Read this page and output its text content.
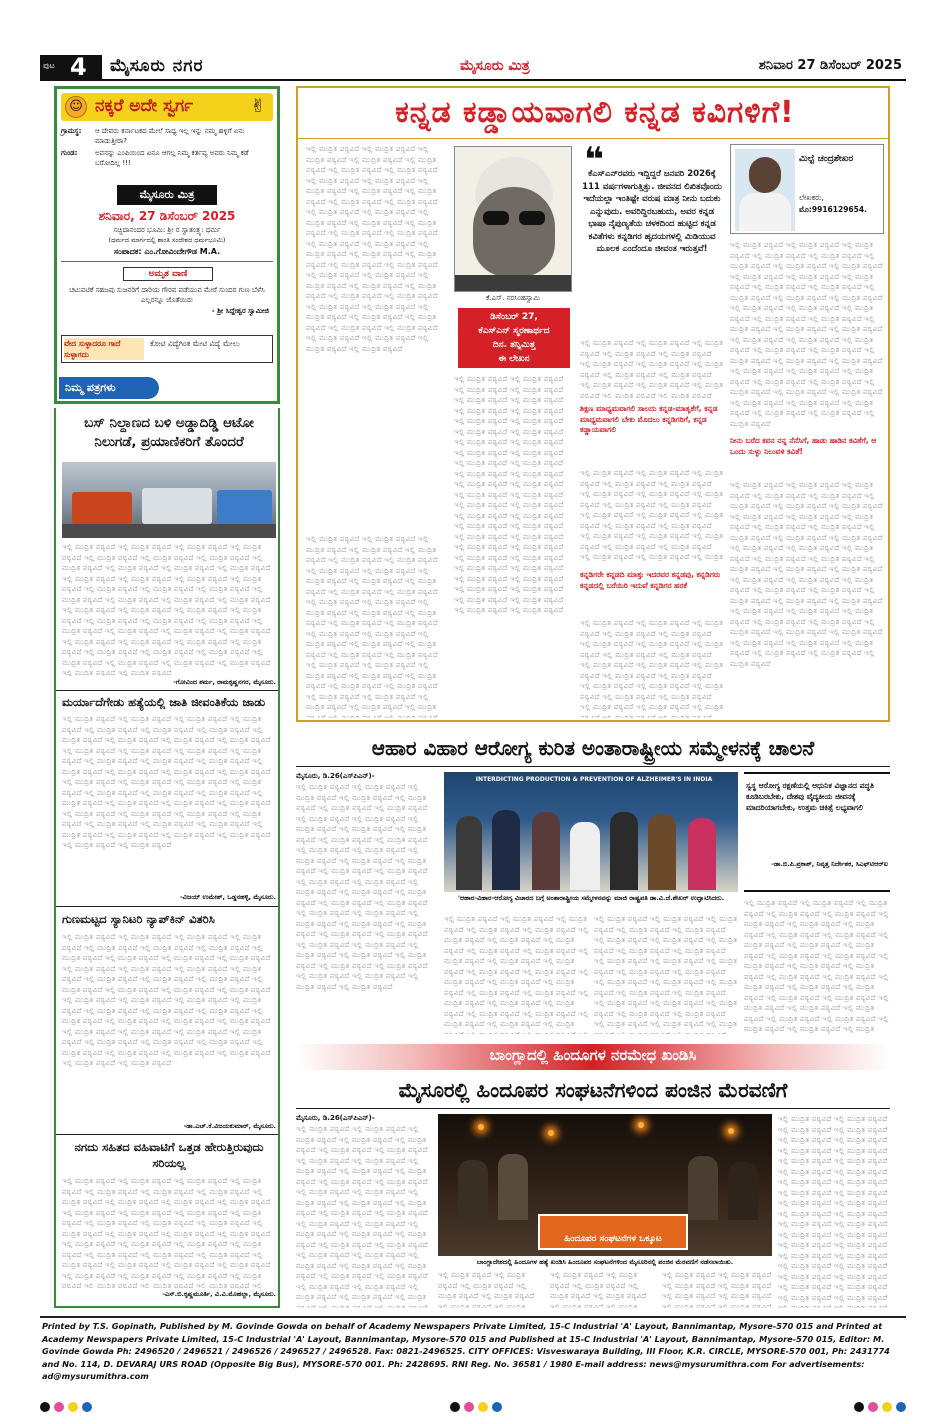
ಪುಟ 4 ಮೈಸೂರು ನಗರ	ಮೈಸೂರು ಮಿತ್ರ	ಶನಿವಾರ 27 ಡಿಸೆಂಬರ್ 2025
☺ ನಕ್ಕರೆ ಅದೇ ಸ್ವರ್ಗ	✌
ಗ್ರಾಮಸ್ಥ: ಆ ದೇವರು ಕರ್ನಾಟಕದ ಮೇಲೆ ಸಾಧ್ಯ ಇಲ್ಲ ಇನ್ನು ನಮ್ಮ ಹಳ್ಳಿಗೆ ಏನು ಮಾಡುತ್ತೀರಾ?
ಗುಂಡ:	ಅವನನ್ನು ಎಂಪಿಯಿಂದ ಏನೂ ಆಗಲ್ಲ ನಿಮ್ಮ ಕರ್ತವ್ಯ ಅವರು ನಿಮ್ಮ ಕಡೆ ಬರೋದಿಲ್ಲ !!!
ಮೈಸೂರು ಮಿತ್ರ
ಶನಿವಾರ, 27 ಡಿಸೆಂಬರ್ 2025
ಸಚ್ಚಿದಾನಂದರ ಭೂಮಿ: ಶ್ರೀ ರ ಸ್ವಾತಂತ್ರ್ಯ: ಧರ್ಮ
(ಧರ್ಮದ ಮಾರ್ಗದಲ್ಲಿ ಶಾಂತಿ ಸಂದೇಶದ ಧರ್ಮಭೂಮಿ)
ಸಂಪಾದಕ: ಎಂ.ಗೋವಿಂದೇಗೌಡ M.A.
ಅಮೃತ ವಾಣಿ
ಚಟುವಟಿಕೆ ಸಹಜವು ಸುಜನರಿಗೆ ದಾರಿಯ ಗೌರವ ಪಡೆಯುವ ಮೇರೆ ಸುಂದರ ಗುಣ ಬೆಳೆಸಿ ಎಲ್ಲರನ್ನೂ ಜೊತೆಯಿರು
- ಶ್ರೀ ಸಿದ್ದೇಶ್ವರ ಸ್ವಾಮೀಜಿ
ವೇದ ಸುಳ್ಳಾದರೂ ಗಾದೆ ಸುಳ್ಳಾಗದು
ಕೋಟಿ ವಿದ್ಯೆಗಿಂತ ಮೇಟಿ ವಿದ್ಯೆ ಮೇಲು
ನಿಮ್ಮ ಪತ್ರಗಳು
ಬಸ್ ನಿಲ್ದಾಣದ ಬಳಿ ಅಡ್ಡಾದಿಡ್ಡಿ ಆಟೋ ನಿಲುಗಡೆ, ಪ್ರಯಾಣಿಕರಿಗೆ ತೊಂದರೆ
ಇಲ್ಲಿ ಮುದ್ರಿತ ಪಠ್ಯವಿದೆ ಇಲ್ಲಿ ಮುದ್ರಿತ ಪಠ್ಯವಿದೆ ಇಲ್ಲಿ ಮುದ್ರಿತ ಪಠ್ಯವಿದೆ ಇಲ್ಲಿ ಮುದ್ರಿತ ಪಠ್ಯವಿದೆ ಇಲ್ಲಿ ಮುದ್ರಿತ ಪಠ್ಯವಿದೆ ಇಲ್ಲಿ ಮುದ್ರಿತ ಪಠ್ಯವಿದೆ ಇಲ್ಲಿ ಮುದ್ರಿತ ಪಠ್ಯವಿದೆ ಇಲ್ಲಿ ಮುದ್ರಿತ ಪಠ್ಯವಿದೆ ಇಲ್ಲಿ ಮುದ್ರಿತ ಪಠ್ಯವಿದೆ ಇಲ್ಲಿ ಮುದ್ರಿತ ಪಠ್ಯವಿದೆ ಇಲ್ಲಿ ಮುದ್ರಿತ ಪಠ್ಯವಿದೆ ಇಲ್ಲಿ ಮುದ್ರಿತ ಪಠ್ಯವಿದೆ ಇಲ್ಲಿ ಮುದ್ರಿತ ಪಠ್ಯವಿದೆ ಇಲ್ಲಿ ಮುದ್ರಿತ ಪಠ್ಯವಿದೆ ಇಲ್ಲಿ ಮುದ್ರಿತ ಪಠ್ಯವಿದೆ ಇಲ್ಲಿ ಮುದ್ರಿತ ಪಠ್ಯವಿದೆ ಇಲ್ಲಿ ಮುದ್ರಿತ ಪಠ್ಯವಿದೆ ಇಲ್ಲಿ ಮುದ್ರಿತ ಪಠ್ಯವಿದೆ ಇಲ್ಲಿ ಮುದ್ರಿತ ಪಠ್ಯವಿದೆ ಇಲ್ಲಿ ಮುದ್ರಿತ ಪಠ್ಯವಿದೆ ಇಲ್ಲಿ ಮುದ್ರಿತ ಪಠ್ಯವಿದೆ ಇಲ್ಲಿ ಮುದ್ರಿತ ಪಠ್ಯವಿದೆ ಇಲ್ಲಿ ಮುದ್ರಿತ ಪಠ್ಯವಿದೆ ಇಲ್ಲಿ ಮುದ್ರಿತ ಪಠ್ಯವಿದೆ ಇಲ್ಲಿ ಮುದ್ರಿತ ಪಠ್ಯವಿದೆ ಇಲ್ಲಿ ಮುದ್ರಿತ ಪಠ್ಯವಿದೆ ಇಲ್ಲಿ ಮುದ್ರಿತ ಪಠ್ಯವಿದೆ ಇಲ್ಲಿ ಮುದ್ರಿತ ಪಠ್ಯವಿದೆ ಇಲ್ಲಿ ಮುದ್ರಿತ ಪಠ್ಯವಿದೆ ಇಲ್ಲಿ ಮುದ್ರಿತ ಪಠ್ಯವಿದೆ ಇಲ್ಲಿ ಮುದ್ರಿತ ಪಠ್ಯವಿದೆ ಇಲ್ಲಿ ಮುದ್ರಿತ ಪಠ್ಯವಿದೆ ಇಲ್ಲಿ ಮುದ್ರಿತ ಪಠ್ಯವಿದೆ ಇಲ್ಲಿ ಮುದ್ರಿತ ಪಠ್ಯವಿದೆ ಇಲ್ಲಿ ಮುದ್ರಿತ ಪಠ್ಯವಿದೆ ಇಲ್ಲಿ ಮುದ್ರಿತ ಪಠ್ಯವಿದೆ ಇಲ್ಲಿ ಮುದ್ರಿತ ಪಠ್ಯವಿದೆ ಇಲ್ಲಿ ಮುದ್ರಿತ ಪಠ್ಯವಿದೆ ಇಲ್ಲಿ ಮುದ್ರಿತ ಪಠ್ಯವಿದೆ ಇಲ್ಲಿ ಮುದ್ರಿತ ಪಠ್ಯವಿದೆ ಇಲ್ಲಿ ಮುದ್ರಿತ ಪಠ್ಯವಿದೆ ಇಲ್ಲಿ ಮುದ್ರಿತ ಪಠ್ಯವಿದೆ ಇಲ್ಲಿ ಮುದ್ರಿತ ಪಠ್ಯವಿದೆ ಇಲ್ಲಿ ಮುದ್ರಿತ ಪಠ್ಯವಿದೆ ಇಲ್ಲಿ ಮುದ್ರಿತ ಪಠ್ಯವಿದೆ ಇಲ್ಲಿ ಮುದ್ರಿತ ಪಠ್ಯವಿದೆ
-ಗೋವಿಂದ ಶರ್ಮ, ರಾಮಕೃಷ್ಣನಗರ, ಮೈಸೂರು.
ಮರ್ಯಾದೆಗೇಡು ಹತ್ಯೆಯಲ್ಲಿ ಜಾತಿ ಜೀವಂತಿಕೆಯ ಜಾಡು
ಇಲ್ಲಿ ಮುದ್ರಿತ ಪಠ್ಯವಿದೆ ಇಲ್ಲಿ ಮುದ್ರಿತ ಪಠ್ಯವಿದೆ ಇಲ್ಲಿ ಮುದ್ರಿತ ಪಠ್ಯವಿದೆ ಇಲ್ಲಿ ಮುದ್ರಿತ ಪಠ್ಯವಿದೆ ಇಲ್ಲಿ ಮುದ್ರಿತ ಪಠ್ಯವಿದೆ ಇಲ್ಲಿ ಮುದ್ರಿತ ಪಠ್ಯವಿದೆ ಇಲ್ಲಿ ಮುದ್ರಿತ ಪಠ್ಯವಿದೆ ಇಲ್ಲಿ ಮುದ್ರಿತ ಪಠ್ಯವಿದೆ ಇಲ್ಲಿ ಮುದ್ರಿತ ಪಠ್ಯವಿದೆ ಇಲ್ಲಿ ಮುದ್ರಿತ ಪಠ್ಯವಿದೆ ಇಲ್ಲಿ ಮುದ್ರಿತ ಪಠ್ಯವಿದೆ ಇಲ್ಲಿ ಮುದ್ರಿತ ಪಠ್ಯವಿದೆ ಇಲ್ಲಿ ಮುದ್ರಿತ ಪಠ್ಯವಿದೆ ಇಲ್ಲಿ ಮುದ್ರಿತ ಪಠ್ಯವಿದೆ ಇಲ್ಲಿ ಮುದ್ರಿತ ಪಠ್ಯವಿದೆ ಇಲ್ಲಿ ಮುದ್ರಿತ ಪಠ್ಯವಿದೆ ಇಲ್ಲಿ ಮುದ್ರಿತ ಪಠ್ಯವಿದೆ ಇಲ್ಲಿ ಮುದ್ರಿತ ಪಠ್ಯವಿದೆ ಇಲ್ಲಿ ಮುದ್ರಿತ ಪಠ್ಯವಿದೆ ಇಲ್ಲಿ ಮುದ್ರಿತ ಪಠ್ಯವಿದೆ ಇಲ್ಲಿ ಮುದ್ರಿತ ಪಠ್ಯವಿದೆ ಇಲ್ಲಿ ಮುದ್ರಿತ ಪಠ್ಯವಿದೆ ಇಲ್ಲಿ ಮುದ್ರಿತ ಪಠ್ಯವಿದೆ ಇಲ್ಲಿ ಮುದ್ರಿತ ಪಠ್ಯವಿದೆ ಇಲ್ಲಿ ಮುದ್ರಿತ ಪಠ್ಯವಿದೆ ಇಲ್ಲಿ ಮುದ್ರಿತ ಪಠ್ಯವಿದೆ ಇಲ್ಲಿ ಮುದ್ರಿತ ಪಠ್ಯವಿದೆ ಇಲ್ಲಿ ಮುದ್ರಿತ ಪಠ್ಯವಿದೆ ಇಲ್ಲಿ ಮುದ್ರಿತ ಪಠ್ಯವಿದೆ ಇಲ್ಲಿ ಮುದ್ರಿತ ಪಠ್ಯವಿದೆ ಇಲ್ಲಿ ಮುದ್ರಿತ ಪಠ್ಯವಿದೆ ಇಲ್ಲಿ ಮುದ್ರಿತ ಪಠ್ಯವಿದೆ ಇಲ್ಲಿ ಮುದ್ರಿತ ಪಠ್ಯವಿದೆ ಇಲ್ಲಿ ಮುದ್ರಿತ ಪಠ್ಯವಿದೆ ಇಲ್ಲಿ ಮುದ್ರಿತ ಪಠ್ಯವಿದೆ ಇಲ್ಲಿ ಮುದ್ರಿತ ಪಠ್ಯವಿದೆ ಇಲ್ಲಿ ಮುದ್ರಿತ ಪಠ್ಯವಿದೆ ಇಲ್ಲಿ ಮುದ್ರಿತ ಪಠ್ಯವಿದೆ ಇಲ್ಲಿ ಮುದ್ರಿತ ಪಠ್ಯವಿದೆ ಇಲ್ಲಿ ಮುದ್ರಿತ ಪಠ್ಯವಿದೆ ಇಲ್ಲಿ ಮುದ್ರಿತ ಪಠ್ಯವಿದೆ ಇಲ್ಲಿ ಮುದ್ರಿತ ಪಠ್ಯವಿದೆ ಇಲ್ಲಿ ಮುದ್ರಿತ ಪಠ್ಯವಿದೆ ಇಲ್ಲಿ ಮುದ್ರಿತ ಪಠ್ಯವಿದೆ ಇಲ್ಲಿ ಮುದ್ರಿತ ಪಠ್ಯವಿದೆ ಇಲ್ಲಿ ಮುದ್ರಿತ ಪಠ್ಯವಿದೆ
-ವಿಜಯ್ ಉಮೇಶ್, ಒಡ್ಡನಹಳ್ಳಿ, ಮೈಸೂರು.
ಗುಣಮಟ್ಟದ ಸ್ಯಾನಿಟರಿ ನ್ಯಾಪ್‌ಕಿನ್ ವಿತರಿಸಿ
ಇಲ್ಲಿ ಮುದ್ರಿತ ಪಠ್ಯವಿದೆ ಇಲ್ಲಿ ಮುದ್ರಿತ ಪಠ್ಯವಿದೆ ಇಲ್ಲಿ ಮುದ್ರಿತ ಪಠ್ಯವಿದೆ ಇಲ್ಲಿ ಮುದ್ರಿತ ಪಠ್ಯವಿದೆ ಇಲ್ಲಿ ಮುದ್ರಿತ ಪಠ್ಯವಿದೆ ಇಲ್ಲಿ ಮುದ್ರಿತ ಪಠ್ಯವಿದೆ ಇಲ್ಲಿ ಮುದ್ರಿತ ಪಠ್ಯವಿದೆ ಇಲ್ಲಿ ಮುದ್ರಿತ ಪಠ್ಯವಿದೆ ಇಲ್ಲಿ ಮುದ್ರಿತ ಪಠ್ಯವಿದೆ ಇಲ್ಲಿ ಮುದ್ರಿತ ಪಠ್ಯವಿದೆ ಇಲ್ಲಿ ಮುದ್ರಿತ ಪಠ್ಯವಿದೆ ಇಲ್ಲಿ ಮುದ್ರಿತ ಪಠ್ಯವಿದೆ ಇಲ್ಲಿ ಮುದ್ರಿತ ಪಠ್ಯವಿದೆ ಇಲ್ಲಿ ಮುದ್ರಿತ ಪಠ್ಯವಿದೆ ಇಲ್ಲಿ ಮುದ್ರಿತ ಪಠ್ಯವಿದೆ ಇಲ್ಲಿ ಮುದ್ರಿತ ಪಠ್ಯವಿದೆ ಇಲ್ಲಿ ಮುದ್ರಿತ ಪಠ್ಯವಿದೆ ಇಲ್ಲಿ ಮುದ್ರಿತ ಪಠ್ಯವಿದೆ ಇಲ್ಲಿ ಮುದ್ರಿತ ಪಠ್ಯವಿದೆ ಇಲ್ಲಿ ಮುದ್ರಿತ ಪಠ್ಯವಿದೆ ಇಲ್ಲಿ ಮುದ್ರಿತ ಪಠ್ಯವಿದೆ ಇಲ್ಲಿ ಮುದ್ರಿತ ಪಠ್ಯವಿದೆ ಇಲ್ಲಿ ಮುದ್ರಿತ ಪಠ್ಯವಿದೆ ಇಲ್ಲಿ ಮುದ್ರಿತ ಪಠ್ಯವಿದೆ ಇಲ್ಲಿ ಮುದ್ರಿತ ಪಠ್ಯವಿದೆ ಇಲ್ಲಿ ಮುದ್ರಿತ ಪಠ್ಯವಿದೆ ಇಲ್ಲಿ ಮುದ್ರಿತ ಪಠ್ಯವಿದೆ ಇಲ್ಲಿ ಮುದ್ರಿತ ಪಠ್ಯವಿದೆ ಇಲ್ಲಿ ಮುದ್ರಿತ ಪಠ್ಯವಿದೆ ಇಲ್ಲಿ ಮುದ್ರಿತ ಪಠ್ಯವಿದೆ ಇಲ್ಲಿ ಮುದ್ರಿತ ಪಠ್ಯವಿದೆ ಇಲ್ಲಿ ಮುದ್ರಿತ ಪಠ್ಯವಿದೆ ಇಲ್ಲಿ ಮುದ್ರಿತ ಪಠ್ಯವಿದೆ ಇಲ್ಲಿ ಮುದ್ರಿತ ಪಠ್ಯವಿದೆ ಇಲ್ಲಿ ಮುದ್ರಿತ ಪಠ್ಯವಿದೆ ಇಲ್ಲಿ ಮುದ್ರಿತ ಪಠ್ಯವಿದೆ ಇಲ್ಲಿ ಮುದ್ರಿತ ಪಠ್ಯವಿದೆ ಇಲ್ಲಿ ಮುದ್ರಿತ ಪಠ್ಯವಿದೆ ಇಲ್ಲಿ ಮುದ್ರಿತ ಪಠ್ಯವಿದೆ ಇಲ್ಲಿ ಮುದ್ರಿತ ಪಠ್ಯವಿದೆ ಇಲ್ಲಿ ಮುದ್ರಿತ ಪಠ್ಯವಿದೆ ಇಲ್ಲಿ ಮುದ್ರಿತ ಪಠ್ಯವಿದೆ ಇಲ್ಲಿ ಮುದ್ರಿತ ಪಠ್ಯವಿದೆ ಇಲ್ಲಿ ಮುದ್ರಿತ ಪಠ್ಯವಿದೆ ಇಲ್ಲಿ ಮುದ್ರಿತ ಪಠ್ಯವಿದೆ ಇಲ್ಲಿ ಮುದ್ರಿತ ಪಠ್ಯವಿದೆ
-ಡಾ.ಎಚ್.ಕೆ.ವಿಜಯಕುಮಾರ್, ಮೈಸೂರು.
ನಗದು ಸಹಿತದ ವಹಿವಾಟಿಗೆ ಒತ್ತಡ ಹೇರುತ್ತಿರುವುದು ಸರಿಯಲ್ಲ
ಇಲ್ಲಿ ಮುದ್ರಿತ ಪಠ್ಯವಿದೆ ಇಲ್ಲಿ ಮುದ್ರಿತ ಪಠ್ಯವಿದೆ ಇಲ್ಲಿ ಮುದ್ರಿತ ಪಠ್ಯವಿದೆ ಇಲ್ಲಿ ಮುದ್ರಿತ ಪಠ್ಯವಿದೆ ಇಲ್ಲಿ ಮುದ್ರಿತ ಪಠ್ಯವಿದೆ ಇಲ್ಲಿ ಮುದ್ರಿತ ಪಠ್ಯವಿದೆ ಇಲ್ಲಿ ಮುದ್ರಿತ ಪಠ್ಯವಿದೆ ಇಲ್ಲಿ ಮುದ್ರಿತ ಪಠ್ಯವಿದೆ ಇಲ್ಲಿ ಮುದ್ರಿತ ಪಠ್ಯವಿದೆ ಇಲ್ಲಿ ಮುದ್ರಿತ ಪಠ್ಯವಿದೆ ಇಲ್ಲಿ ಮುದ್ರಿತ ಪಠ್ಯವಿದೆ ಇಲ್ಲಿ ಮುದ್ರಿತ ಪಠ್ಯವಿದೆ ಇಲ್ಲಿ ಮುದ್ರಿತ ಪಠ್ಯವಿದೆ ಇಲ್ಲಿ ಮುದ್ರಿತ ಪಠ್ಯವಿದೆ ಇಲ್ಲಿ ಮುದ್ರಿತ ಪಠ್ಯವಿದೆ ಇಲ್ಲಿ ಮುದ್ರಿತ ಪಠ್ಯವಿದೆ ಇಲ್ಲಿ ಮುದ್ರಿತ ಪಠ್ಯವಿದೆ ಇಲ್ಲಿ ಮುದ್ರಿತ ಪಠ್ಯವಿದೆ ಇಲ್ಲಿ ಮುದ್ರಿತ ಪಠ್ಯವಿದೆ ಇಲ್ಲಿ ಮುದ್ರಿತ ಪಠ್ಯವಿದೆ ಇಲ್ಲಿ ಮುದ್ರಿತ ಪಠ್ಯವಿದೆ ಇಲ್ಲಿ ಮುದ್ರಿತ ಪಠ್ಯವಿದೆ ಇಲ್ಲಿ ಮುದ್ರಿತ ಪಠ್ಯವಿದೆ ಇಲ್ಲಿ ಮುದ್ರಿತ ಪಠ್ಯವಿದೆ ಇಲ್ಲಿ ಮುದ್ರಿತ ಪಠ್ಯವಿದೆ ಇಲ್ಲಿ ಮುದ್ರಿತ ಪಠ್ಯವಿದೆ ಇಲ್ಲಿ ಮುದ್ರಿತ ಪಠ್ಯವಿದೆ ಇಲ್ಲಿ ಮುದ್ರಿತ ಪಠ್ಯವಿದೆ ಇಲ್ಲಿ ಮುದ್ರಿತ ಪಠ್ಯವಿದೆ ಇಲ್ಲಿ ಮುದ್ರಿತ ಪಠ್ಯವಿದೆ ಇಲ್ಲಿ ಮುದ್ರಿತ ಪಠ್ಯವಿದೆ ಇಲ್ಲಿ ಮುದ್ರಿತ ಪಠ್ಯವಿದೆ ಇಲ್ಲಿ ಮುದ್ರಿತ ಪಠ್ಯವಿದೆ ಇಲ್ಲಿ ಮುದ್ರಿತ ಪಠ್ಯವಿದೆ ಇಲ್ಲಿ ಮುದ್ರಿತ ಪಠ್ಯವಿದೆ ಇಲ್ಲಿ ಮುದ್ರಿತ ಪಠ್ಯವಿದೆ ಇಲ್ಲಿ ಮುದ್ರಿತ ಪಠ್ಯವಿದೆ ಇಲ್ಲಿ ಮುದ್ರಿತ ಪಠ್ಯವಿದೆ ಇಲ್ಲಿ ಮುದ್ರಿತ ಪಠ್ಯವಿದೆ ಇಲ್ಲಿ ಮುದ್ರಿತ ಪಠ್ಯವಿದೆ ಇಲ್ಲಿ ಮುದ್ರಿತ ಪಠ್ಯವಿದೆ ಇಲ್ಲಿ ಮುದ್ರಿತ ಪಠ್ಯವಿದೆ ಇಲ್ಲಿ ಮುದ್ರಿತ ಪಠ್ಯವಿದೆ ಇಲ್ಲಿ ಮುದ್ರಿತ ಪಠ್ಯವಿದೆ ಇಲ್ಲಿ ಮುದ್ರಿತ ಪಠ್ಯವಿದೆ ಇಲ್ಲಿ ಮುದ್ರಿತ ಪಠ್ಯವಿದೆ
-ಎಸ್.ಬಿ.ಕೃಷ್ಣಮೂರ್ತಿ, ವಿ.ವಿ.ಮೊಹಲ್ಲಾ, ಮೈಸೂರು.
ಕನ್ನಡ ಕಡ್ಡಾಯವಾಗಲಿ ಕನ್ನಡ ಕವಿಗಳಿಗೆ!
ಇಲ್ಲಿ ಮುದ್ರಿತ ಪಠ್ಯವಿದೆ ಇಲ್ಲಿ ಮುದ್ರಿತ ಪಠ್ಯವಿದೆ ಇಲ್ಲಿ ಮುದ್ರಿತ ಪಠ್ಯವಿದೆ ಇಲ್ಲಿ ಮುದ್ರಿತ ಪಠ್ಯವಿದೆ ಇಲ್ಲಿ ಮುದ್ರಿತ ಪಠ್ಯವಿದೆ ಇಲ್ಲಿ ಮುದ್ರಿತ ಪಠ್ಯವಿದೆ ಇಲ್ಲಿ ಮುದ್ರಿತ ಪಠ್ಯವಿದೆ ಇಲ್ಲಿ ಮುದ್ರಿತ ಪಠ್ಯವಿದೆ ಇಲ್ಲಿ ಮುದ್ರಿತ ಪಠ್ಯವಿದೆ ಇಲ್ಲಿ ಮುದ್ರಿತ ಪಠ್ಯವಿದೆ ಇಲ್ಲಿ ಮುದ್ರಿತ ಪಠ್ಯವಿದೆ ಇಲ್ಲಿ ಮುದ್ರಿತ ಪಠ್ಯವಿದೆ ಇಲ್ಲಿ ಮುದ್ರಿತ ಪಠ್ಯವಿದೆ ಇಲ್ಲಿ ಮುದ್ರಿತ ಪಠ್ಯವಿದೆ ಇಲ್ಲಿ ಮುದ್ರಿತ ಪಠ್ಯವಿದೆ ಇಲ್ಲಿ ಮುದ್ರಿತ ಪಠ್ಯವಿದೆ ಇಲ್ಲಿ ಮುದ್ರಿತ ಪಠ್ಯವಿದೆ ಇಲ್ಲಿ ಮುದ್ರಿತ ಪಠ್ಯವಿದೆ ಇಲ್ಲಿ ಮುದ್ರಿತ ಪಠ್ಯವಿದೆ ಇಲ್ಲಿ ಮುದ್ರಿತ ಪಠ್ಯವಿದೆ ಇಲ್ಲಿ ಮುದ್ರಿತ ಪಠ್ಯವಿದೆ ಇಲ್ಲಿ ಮುದ್ರಿತ ಪಠ್ಯವಿದೆ ಇಲ್ಲಿ ಮುದ್ರಿತ ಪಠ್ಯವಿದೆ ಇಲ್ಲಿ ಮುದ್ರಿತ ಪಠ್ಯವಿದೆ ಇಲ್ಲಿ ಮುದ್ರಿತ ಪಠ್ಯವಿದೆ ಇಲ್ಲಿ ಮುದ್ರಿತ ಪಠ್ಯವಿದೆ ಇಲ್ಲಿ ಮುದ್ರಿತ ಪಠ್ಯವಿದೆ ಇಲ್ಲಿ ಮುದ್ರಿತ ಪಠ್ಯವಿದೆ ಇಲ್ಲಿ ಮುದ್ರಿತ ಪಠ್ಯವಿದೆ ಇಲ್ಲಿ ಮುದ್ರಿತ ಪಠ್ಯವಿದೆ ಇಲ್ಲಿ ಮುದ್ರಿತ ಪಠ್ಯವಿದೆ ಇಲ್ಲಿ ಮುದ್ರಿತ ಪಠ್ಯವಿದೆ ಇಲ್ಲಿ ಮುದ್ರಿತ ಪಠ್ಯವಿದೆ ಇಲ್ಲಿ ಮುದ್ರಿತ ಪಠ್ಯವಿದೆ ಇಲ್ಲಿ ಮುದ್ರಿತ ಪಠ್ಯವಿದೆ ಇಲ್ಲಿ ಮುದ್ರಿತ ಪಠ್ಯವಿದೆ ಇಲ್ಲಿ ಮುದ್ರಿತ ಪಠ್ಯವಿದೆ ಇಲ್ಲಿ ಮುದ್ರಿತ ಪಠ್ಯವಿದೆ ಇಲ್ಲಿ ಮುದ್ರಿತ ಪಠ್ಯವಿದೆ ಇಲ್ಲಿ ಮುದ್ರಿತ ಪಠ್ಯವಿದೆ ಇಲ್ಲಿ ಮುದ್ರಿತ ಪಠ್ಯವಿದೆ ಇಲ್ಲಿ ಮುದ್ರಿತ ಪಠ್ಯವಿದೆ ಇಲ್ಲಿ ಮುದ್ರಿತ ಪಠ್ಯವಿದೆ ಇಲ್ಲಿ ಮುದ್ರಿತ ಪಠ್ಯವಿದೆ ಇಲ್ಲಿ ಮುದ್ರಿತ ಪಠ್ಯವಿದೆ ಇಲ್ಲಿ ಮುದ್ರಿತ ಪಠ್ಯವಿದೆ
ಇಲ್ಲಿ ಮುದ್ರಿತ ಪಠ್ಯವಿದೆ ಇಲ್ಲಿ ಮುದ್ರಿತ ಪಠ್ಯವಿದೆ ಇಲ್ಲಿ ಮುದ್ರಿತ ಪಠ್ಯವಿದೆ ಇಲ್ಲಿ ಮುದ್ರಿತ ಪಠ್ಯವಿದೆ ಇಲ್ಲಿ ಮುದ್ರಿತ ಪಠ್ಯವಿದೆ ಇಲ್ಲಿ ಮುದ್ರಿತ ಪಠ್ಯವಿದೆ ಇಲ್ಲಿ ಮುದ್ರಿತ ಪಠ್ಯವಿದೆ ಇಲ್ಲಿ ಮುದ್ರಿತ ಪಠ್ಯವಿದೆ ಇಲ್ಲಿ ಮುದ್ರಿತ ಪಠ್ಯವಿದೆ ಇಲ್ಲಿ ಮುದ್ರಿತ ಪಠ್ಯವಿದೆ ಇಲ್ಲಿ ಮುದ್ರಿತ ಪಠ್ಯವಿದೆ ಇಲ್ಲಿ ಮುದ್ರಿತ ಪಠ್ಯವಿದೆ ಇಲ್ಲಿ ಮುದ್ರಿತ ಪಠ್ಯವಿದೆ ಇಲ್ಲಿ ಮುದ್ರಿತ ಪಠ್ಯವಿದೆ ಇಲ್ಲಿ ಮುದ್ರಿತ ಪಠ್ಯವಿದೆ ಇಲ್ಲಿ ಮುದ್ರಿತ ಪಠ್ಯವಿದೆ ಇಲ್ಲಿ ಮುದ್ರಿತ ಪಠ್ಯವಿದೆ ಇಲ್ಲಿ ಮುದ್ರಿತ ಪಠ್ಯವಿದೆ ಇಲ್ಲಿ ಮುದ್ರಿತ ಪಠ್ಯವಿದೆ ಇಲ್ಲಿ ಮುದ್ರಿತ ಪಠ್ಯವಿದೆ ಇಲ್ಲಿ ಮುದ್ರಿತ ಪಠ್ಯವಿದೆ ಇಲ್ಲಿ ಮುದ್ರಿತ ಪಠ್ಯವಿದೆ ಇಲ್ಲಿ ಮುದ್ರಿತ ಪಠ್ಯವಿದೆ ಇಲ್ಲಿ ಮುದ್ರಿತ ಪಠ್ಯವಿದೆ ಇಲ್ಲಿ ಮುದ್ರಿತ ಪಠ್ಯವಿದೆ ಇಲ್ಲಿ ಮುದ್ರಿತ ಪಠ್ಯವಿದೆ ಇಲ್ಲಿ ಮುದ್ರಿತ ಪಠ್ಯವಿದೆ ಇಲ್ಲಿ ಮುದ್ರಿತ ಪಠ್ಯವಿದೆ ಇಲ್ಲಿ ಮುದ್ರಿತ ಪಠ್ಯವಿದೆ ಇಲ್ಲಿ ಮುದ್ರಿತ ಪಠ್ಯವಿದೆ ಇಲ್ಲಿ ಮುದ್ರಿತ ಪಠ್ಯವಿದೆ ಇಲ್ಲಿ ಮುದ್ರಿತ ಪಠ್ಯವಿದೆ ಇಲ್ಲಿ ಮುದ್ರಿತ ಪಠ್ಯವಿದೆ ಇಲ್ಲಿ ಮುದ್ರಿತ ಪಠ್ಯವಿದೆ ಇಲ್ಲಿ ಮುದ್ರಿತ ಪಠ್ಯವಿದೆ ಇಲ್ಲಿ ಮುದ್ರಿತ ಪಠ್ಯವಿದೆ ಇಲ್ಲಿ ಮುದ್ರಿತ ಪಠ್ಯವಿದೆ ಇಲ್ಲಿ ಮುದ್ರಿತ ಪಠ್ಯವಿದೆ ಇಲ್ಲಿ ಮುದ್ರಿತ ಪಠ್ಯವಿದೆ ಇಲ್ಲಿ ಮುದ್ರಿತ ಪಠ್ಯವಿದೆ ಇಲ್ಲಿ ಮುದ್ರಿತ ಪಠ್ಯವಿದೆ ಇಲ್ಲಿ ಮುದ್ರಿತ ಪಠ್ಯವಿದೆ ಇಲ್ಲಿ ಮುದ್ರಿತ ಪಠ್ಯವಿದೆ ಇಲ್ಲಿ ಮುದ್ರಿತ ಪಠ್ಯವಿದೆ ಇಲ್ಲಿ ಮುದ್ರಿತ ಪಠ್ಯವಿದೆ ಇಲ್ಲಿ ಮುದ್ರಿತ ಪಠ್ಯವಿದೆ
ಕೆ.ಎಸ್. ನರಸಿಂಹಸ್ವಾಮಿ
ಡಿಸೆಂಬರ್ 27,
ಕೆಎಸ್‌ಎನ್ ಸ್ಮರಣಾರ್ಥದ
ದಿನ. ತನ್ನಿಮಿತ್ತ
ಈ ಲೇಖನ
ಇಲ್ಲಿ ಮುದ್ರಿತ ಪಠ್ಯವಿದೆ ಇಲ್ಲಿ ಮುದ್ರಿತ ಪಠ್ಯವಿದೆ ಇಲ್ಲಿ ಮುದ್ರಿತ ಪಠ್ಯವಿದೆ ಇಲ್ಲಿ ಮುದ್ರಿತ ಪಠ್ಯವಿದೆ ಇಲ್ಲಿ ಮುದ್ರಿತ ಪಠ್ಯವಿದೆ ಇಲ್ಲಿ ಮುದ್ರಿತ ಪಠ್ಯವಿದೆ ಇಲ್ಲಿ ಮುದ್ರಿತ ಪಠ್ಯವಿದೆ ಇಲ್ಲಿ ಮುದ್ರಿತ ಪಠ್ಯವಿದೆ ಇಲ್ಲಿ ಮುದ್ರಿತ ಪಠ್ಯವಿದೆ ಇಲ್ಲಿ ಮುದ್ರಿತ ಪಠ್ಯವಿದೆ ಇಲ್ಲಿ ಮುದ್ರಿತ ಪಠ್ಯವಿದೆ ಇಲ್ಲಿ ಮುದ್ರಿತ ಪಠ್ಯವಿದೆ ಇಲ್ಲಿ ಮುದ್ರಿತ ಪಠ್ಯವಿದೆ ಇಲ್ಲಿ ಮುದ್ರಿತ ಪಠ್ಯವಿದೆ ಇಲ್ಲಿ ಮುದ್ರಿತ ಪಠ್ಯವಿದೆ ಇಲ್ಲಿ ಮುದ್ರಿತ ಪಠ್ಯವಿದೆ ಇಲ್ಲಿ ಮುದ್ರಿತ ಪಠ್ಯವಿದೆ ಇಲ್ಲಿ ಮುದ್ರಿತ ಪಠ್ಯವಿದೆ ಇಲ್ಲಿ ಮುದ್ರಿತ ಪಠ್ಯವಿದೆ ಇಲ್ಲಿ ಮುದ್ರಿತ ಪಠ್ಯವಿದೆ ಇಲ್ಲಿ ಮುದ್ರಿತ ಪಠ್ಯವಿದೆ ಇಲ್ಲಿ ಮುದ್ರಿತ ಪಠ್ಯವಿದೆ ಇಲ್ಲಿ ಮುದ್ರಿತ ಪಠ್ಯವಿದೆ ಇಲ್ಲಿ ಮುದ್ರಿತ ಪಠ್ಯವಿದೆ ಇಲ್ಲಿ ಮುದ್ರಿತ ಪಠ್ಯವಿದೆ ಇಲ್ಲಿ ಮುದ್ರಿತ ಪಠ್ಯವಿದೆ ಇಲ್ಲಿ ಮುದ್ರಿತ ಪಠ್ಯವಿದೆ ಇಲ್ಲಿ ಮುದ್ರಿತ ಪಠ್ಯವಿದೆ ಇಲ್ಲಿ ಮುದ್ರಿತ ಪಠ್ಯವಿದೆ ಇಲ್ಲಿ ಮುದ್ರಿತ ಪಠ್ಯವಿದೆ ಇಲ್ಲಿ ಮುದ್ರಿತ ಪಠ್ಯವಿದೆ ಇಲ್ಲಿ ಮುದ್ರಿತ ಪಠ್ಯವಿದೆ ಇಲ್ಲಿ ಮುದ್ರಿತ ಪಠ್ಯವಿದೆ ಇಲ್ಲಿ ಮುದ್ರಿತ ಪಠ್ಯವಿದೆ ಇಲ್ಲಿ ಮುದ್ರಿತ ಪಠ್ಯವಿದೆ ಇಲ್ಲಿ ಮುದ್ರಿತ ಪಠ್ಯವಿದೆ ಇಲ್ಲಿ ಮುದ್ರಿತ ಪಠ್ಯವಿದೆ ಇಲ್ಲಿ ಮುದ್ರಿತ ಪಠ್ಯವಿದೆ ಇಲ್ಲಿ ಮುದ್ರಿತ ಪಠ್ಯವಿದೆ ಇಲ್ಲಿ ಮುದ್ರಿತ ಪಠ್ಯವಿದೆ ಇಲ್ಲಿ ಮುದ್ರಿತ ಪಠ್ಯವಿದೆ ಇಲ್ಲಿ ಮುದ್ರಿತ ಪಠ್ಯವಿದೆ ಇಲ್ಲಿ ಮುದ್ರಿತ ಪಠ್ಯವಿದೆ ಇಲ್ಲಿ ಮುದ್ರಿತ ಪಠ್ಯವಿದೆ ಇಲ್ಲಿ ಮುದ್ರಿತ ಪಠ್ಯವಿದೆ ಇಲ್ಲಿ ಮುದ್ರಿತ ಪಠ್ಯವಿದೆ
❝
ಕೆಎಸ್‌ಎನ್‌ರವರು ಇದ್ದಿದ್ದರೆ ಜನವರಿ 2026ಕ್ಕೆ 111 ವರ್ಷಗಳಾಗುತ್ತಿತ್ತು. ಜೀವನದ ಲಿಖಿತವೊಂದು ಇದೆಯಲ್ಲಾ ಇಂತಿಷ್ಟೇ ವರುಷ ಮಾತ್ರ ನೀನು ಬದುಕು ಎನ್ನುವುದು. ಅವರಿದ್ದಿರಬಹುದು, ಅವರ ಕನ್ನಡ ಭಾಷಾ ನೈಪುಣ್ಯತೆಯ ಚಳಕದಿಂದ ಹುಟ್ಟಿದ ಕನ್ನಡ ಕವಿತೆಗಳು ಕನ್ನಡಿಗರ ಹೃದಯಗಳಲ್ಲಿ ಮಿಡಿಯುವ ಮೂಲಕ ಎಂದೆಂದೂ ಜೀವಂತ ಇರುತ್ತವೆ!
ಇಲ್ಲಿ ಮುದ್ರಿತ ಪಠ್ಯವಿದೆ ಇಲ್ಲಿ ಮುದ್ರಿತ ಪಠ್ಯವಿದೆ ಇಲ್ಲಿ ಮುದ್ರಿತ ಪಠ್ಯವಿದೆ ಇಲ್ಲಿ ಮುದ್ರಿತ ಪಠ್ಯವಿದೆ ಇಲ್ಲಿ ಮುದ್ರಿತ ಪಠ್ಯವಿದೆ ಇಲ್ಲಿ ಮುದ್ರಿತ ಪಠ್ಯವಿದೆ ಇಲ್ಲಿ ಮುದ್ರಿತ ಪಠ್ಯವಿದೆ ಇಲ್ಲಿ ಮುದ್ರಿತ ಪಠ್ಯವಿದೆ ಇಲ್ಲಿ ಮುದ್ರಿತ ಪಠ್ಯವಿದೆ ಇಲ್ಲಿ ಮುದ್ರಿತ ಪಠ್ಯವಿದೆ ಇಲ್ಲಿ ಮುದ್ರಿತ ಪಠ್ಯವಿದೆ ಇಲ್ಲಿ ಮುದ್ರಿತ ಪಠ್ಯವಿದೆ ಇಲ್ಲಿ ಮುದ್ರಿತ ಪಠ್ಯವಿದೆ ಇಲ್ಲಿ ಮುದ್ರಿತ ಪಠ್ಯವಿದೆ ಇಲ್ಲಿ ಮುದ್ರಿತ ಪಠ್ಯವಿದೆ ಇಲ್ಲಿ ಮುದ್ರಿತ ಪಠ್ಯವಿದೆ ಇಲ್ಲಿ ಮುದ್ರಿತ ಪಠ್ಯವಿದೆ ಇಲ್ಲಿ ಮುದ್ರಿತ ಪಠ್ಯವಿದೆ ಇಲ್ಲಿ ಮುದ್ರಿತ ಪಠ್ಯವಿದೆ ಇಲ್ಲಿ ಮುದ್ರಿತ ಪಠ್ಯವಿದೆ ಇಲ್ಲಿ ಮುದ್ರಿತ ಪಠ್ಯವಿದೆ ಇಲ್ಲಿ ಮುದ್ರಿತ ಪಠ್ಯವಿದೆ ಇಲ್ಲಿ ಮುದ್ರಿತ ಪಠ್ಯವಿದೆ ಇಲ್ಲಿ ಮುದ್ರಿತ ಪಠ್ಯವಿದೆ ಇಲ್ಲಿ ಮುದ್ರಿತ ಪಠ್ಯವಿದೆ ಇಲ್ಲಿ ಮುದ್ರಿತ ಪಠ್ಯವಿದೆ ಇಲ್ಲಿ ಮುದ್ರಿತ ಪಠ್ಯವಿದೆ ಇಲ್ಲಿ ಮುದ್ರಿತ ಪಠ್ಯವಿದೆ ಇಲ್ಲಿ ಮುದ್ರಿತ ಪಠ್ಯವಿದೆ ಇಲ್ಲಿ ಮುದ್ರಿತ ಪಠ್ಯವಿದೆ ಇಲ್ಲಿ ಮುದ್ರಿತ ಪಠ್ಯವಿದೆ ಇಲ್ಲಿ ಮುದ್ರಿತ ಪಠ್ಯವಿದೆ ಇಲ್ಲಿ ಮುದ್ರಿತ ಪಠ್ಯವಿದೆ ಇಲ್ಲಿ ಮುದ್ರಿತ ಪಠ್ಯವಿದೆ ಇಲ್ಲಿ ಮುದ್ರಿತ ಪಠ್ಯವಿದೆ ಇಲ್ಲಿ ಮುದ್ರಿತ ಪಠ್ಯವಿದೆ ಇಲ್ಲಿ ಮುದ್ರಿತ ಪಠ್ಯವಿದೆ ಇಲ್ಲಿ ಮುದ್ರಿತ ಪಠ್ಯವಿದೆ ಇಲ್ಲಿ ಮುದ್ರಿತ ಪಠ್ಯವಿದೆ ಇಲ್ಲಿ ಮುದ್ರಿತ ಪಠ್ಯವಿದೆ ಇಲ್ಲಿ ಮುದ್ರಿತ ಪಠ್ಯವಿದೆ ಇಲ್ಲಿ ಮುದ್ರಿತ ಪಠ್ಯವಿದೆ ಇಲ್ಲಿ ಮುದ್ರಿತ ಪಠ್ಯವಿದೆ ಇಲ್ಲಿ ಮುದ್ರಿತ ಪಠ್ಯವಿದೆ ಇಲ್ಲಿ ಮುದ್ರಿತ ಪಠ್ಯವಿದೆ ಇಲ್ಲಿ ಮುದ್ರಿತ ಪಠ್ಯವಿದೆ
ಶಿಕ್ಷಣ ಮಾಧ್ಯಮವಾಗಲಿ ಸಾಲದು ಕನ್ನಡ-ಮಾತೃಕೆಗೆ, ಕನ್ನಡ ಮಾಧ್ಯಮವಾಗಲಿ ಬೇಕು ಮೊದಲು ಕನ್ನಡಿಗರಿಗೆ, ಕನ್ನಡ ಕಡ್ಡಾಯವಾಗಲಿ
ಇಲ್ಲಿ ಮುದ್ರಿತ ಪಠ್ಯವಿದೆ ಇಲ್ಲಿ ಮುದ್ರಿತ ಪಠ್ಯವಿದೆ ಇಲ್ಲಿ ಮುದ್ರಿತ ಪಠ್ಯವಿದೆ ಇಲ್ಲಿ ಮುದ್ರಿತ ಪಠ್ಯವಿದೆ ಇಲ್ಲಿ ಮುದ್ರಿತ ಪಠ್ಯವಿದೆ ಇಲ್ಲಿ ಮುದ್ರಿತ ಪಠ್ಯವಿದೆ ಇಲ್ಲಿ ಮುದ್ರಿತ ಪಠ್ಯವಿದೆ ಇಲ್ಲಿ ಮುದ್ರಿತ ಪಠ್ಯವಿದೆ ಇಲ್ಲಿ ಮುದ್ರಿತ ಪಠ್ಯವಿದೆ ಇಲ್ಲಿ ಮುದ್ರಿತ ಪಠ್ಯವಿದೆ ಇಲ್ಲಿ ಮುದ್ರಿತ ಪಠ್ಯವಿದೆ ಇಲ್ಲಿ ಮುದ್ರಿತ ಪಠ್ಯವಿದೆ ಇಲ್ಲಿ ಮುದ್ರಿತ ಪಠ್ಯವಿದೆ ಇಲ್ಲಿ ಮುದ್ರಿತ ಪಠ್ಯವಿದೆ ಇಲ್ಲಿ ಮುದ್ರಿತ ಪಠ್ಯವಿದೆ ಇಲ್ಲಿ ಮುದ್ರಿತ ಪಠ್ಯವಿದೆ ಇಲ್ಲಿ ಮುದ್ರಿತ ಪಠ್ಯವಿದೆ ಇಲ್ಲಿ ಮುದ್ರಿತ ಪಠ್ಯವಿದೆ ಇಲ್ಲಿ ಮುದ್ರಿತ ಪಠ್ಯವಿದೆ ಇಲ್ಲಿ ಮುದ್ರಿತ ಪಠ್ಯವಿದೆ ಇಲ್ಲಿ ಮುದ್ರಿತ ಪಠ್ಯವಿದೆ ಇಲ್ಲಿ ಮುದ್ರಿತ ಪಠ್ಯವಿದೆ ಇಲ್ಲಿ ಮುದ್ರಿತ ಪಠ್ಯವಿದೆ ಇಲ್ಲಿ ಮುದ್ರಿತ ಪಠ್ಯವಿದೆ ಇಲ್ಲಿ ಮುದ್ರಿತ ಪಠ್ಯವಿದೆ ಇಲ್ಲಿ ಮುದ್ರಿತ ಪಠ್ಯವಿದೆ ಇಲ್ಲಿ ಮುದ್ರಿತ ಪಠ್ಯವಿದೆ ಇಲ್ಲಿ ಮುದ್ರಿತ ಪಠ್ಯವಿದೆ ಇಲ್ಲಿ ಮುದ್ರಿತ ಪಠ್ಯವಿದೆ ಇಲ್ಲಿ ಮುದ್ರಿತ ಪಠ್ಯವಿದೆ ಇಲ್ಲಿ ಮುದ್ರಿತ ಪಠ್ಯವಿದೆ ಇಲ್ಲಿ ಮುದ್ರಿತ ಪಠ್ಯವಿದೆ ಇಲ್ಲಿ ಮುದ್ರಿತ ಪಠ್ಯವಿದೆ ಇಲ್ಲಿ ಮುದ್ರಿತ ಪಠ್ಯವಿದೆ ಇಲ್ಲಿ ಮುದ್ರಿತ ಪಠ್ಯವಿದೆ ಇಲ್ಲಿ ಮುದ್ರಿತ ಪಠ್ಯವಿದೆ ಇಲ್ಲಿ ಮುದ್ರಿತ ಪಠ್ಯವಿದೆ ಇಲ್ಲಿ ಮುದ್ರಿತ ಪಠ್ಯವಿದೆ ಇಲ್ಲಿ ಮುದ್ರಿತ ಪಠ್ಯವಿದೆ ಇಲ್ಲಿ ಮುದ್ರಿತ ಪಠ್ಯವಿದೆ ಇಲ್ಲಿ ಮುದ್ರಿತ ಪಠ್ಯವಿದೆ ಇಲ್ಲಿ ಮುದ್ರಿತ ಪಠ್ಯವಿದೆ ಇಲ್ಲಿ ಮುದ್ರಿತ ಪಠ್ಯವಿದೆ ಇಲ್ಲಿ ಮುದ್ರಿತ ಪಠ್ಯವಿದೆ ಇಲ್ಲಿ ಮುದ್ರಿತ ಪಠ್ಯವಿದೆ ಇಲ್ಲಿ ಮುದ್ರಿತ ಪಠ್ಯವಿದೆ
ಕನ್ನಡಿಗರೇ ಕನ್ನಡದಿ ಮಾತ್ತು ಇದರವರ ಕನ್ನಡವು, ಕನ್ನಡಿಗರು ಕನ್ನಡದಲ್ಲಿ ಬರೆಯಿರಿ ಇದುವೆ ಕನ್ನಡಿಗರ ಹರಕೆ
ಇಲ್ಲಿ ಮುದ್ರಿತ ಪಠ್ಯವಿದೆ ಇಲ್ಲಿ ಮುದ್ರಿತ ಪಠ್ಯವಿದೆ ಇಲ್ಲಿ ಮುದ್ರಿತ ಪಠ್ಯವಿದೆ ಇಲ್ಲಿ ಮುದ್ರಿತ ಪಠ್ಯವಿದೆ ಇಲ್ಲಿ ಮುದ್ರಿತ ಪಠ್ಯವಿದೆ ಇಲ್ಲಿ ಮುದ್ರಿತ ಪಠ್ಯವಿದೆ ಇಲ್ಲಿ ಮುದ್ರಿತ ಪಠ್ಯವಿದೆ ಇಲ್ಲಿ ಮುದ್ರಿತ ಪಠ್ಯವಿದೆ ಇಲ್ಲಿ ಮುದ್ರಿತ ಪಠ್ಯವಿದೆ ಇಲ್ಲಿ ಮುದ್ರಿತ ಪಠ್ಯವಿದೆ ಇಲ್ಲಿ ಮುದ್ರಿತ ಪಠ್ಯವಿದೆ ಇಲ್ಲಿ ಮುದ್ರಿತ ಪಠ್ಯವಿದೆ ಇಲ್ಲಿ ಮುದ್ರಿತ ಪಠ್ಯವಿದೆ ಇಲ್ಲಿ ಮುದ್ರಿತ ಪಠ್ಯವಿದೆ ಇಲ್ಲಿ ಮುದ್ರಿತ ಪಠ್ಯವಿದೆ ಇಲ್ಲಿ ಮುದ್ರಿತ ಪಠ್ಯವಿದೆ ಇಲ್ಲಿ ಮುದ್ರಿತ ಪಠ್ಯವಿದೆ ಇಲ್ಲಿ ಮುದ್ರಿತ ಪಠ್ಯವಿದೆ ಇಲ್ಲಿ ಮುದ್ರಿತ ಪಠ್ಯವಿದೆ ಇಲ್ಲಿ ಮುದ್ರಿತ ಪಠ್ಯವಿದೆ ಇಲ್ಲಿ ಮುದ್ರಿತ ಪಠ್ಯವಿದೆ ಇಲ್ಲಿ ಮುದ್ರಿತ ಪಠ್ಯವಿದೆ ಇಲ್ಲಿ ಮುದ್ರಿತ ಪಠ್ಯವಿದೆ ಇಲ್ಲಿ ಮುದ್ರಿತ ಪಠ್ಯವಿದೆ ಇಲ್ಲಿ ಮುದ್ರಿತ ಪಠ್ಯವಿದೆ ಇಲ್ಲಿ ಮುದ್ರಿತ ಪಠ್ಯವಿದೆ ಇಲ್ಲಿ ಮುದ್ರಿತ ಪಠ್ಯವಿದೆ ಇಲ್ಲಿ ಮುದ್ರಿತ ಪಠ್ಯವಿದೆ ಇಲ್ಲಿ ಮುದ್ರಿತ ಪಠ್ಯವಿದೆ ಇಲ್ಲಿ ಮುದ್ರಿತ ಪಠ್ಯವಿದೆ ಇಲ್ಲಿ ಮುದ್ರಿತ ಪಠ್ಯವಿದೆ ಇಲ್ಲಿ ಮುದ್ರಿತ ಪಠ್ಯವಿದೆ ಇಲ್ಲಿ ಮುದ್ರಿತ ಪಠ್ಯವಿದೆ ಇಲ್ಲಿ ಮುದ್ರಿತ ಪಠ್ಯವಿದೆ ಇಲ್ಲಿ ಮುದ್ರಿತ ಪಠ್ಯವಿದೆ ಇಲ್ಲಿ ಮುದ್ರಿತ ಪಠ್ಯವಿದೆ ಇಲ್ಲಿ ಮುದ್ರಿತ ಪಠ್ಯವಿದೆ ಇಲ್ಲಿ ಮುದ್ರಿತ ಪಠ್ಯವಿದೆ ಇಲ್ಲಿ ಮುದ್ರಿತ ಪಠ್ಯವಿದೆ ಇಲ್ಲಿ ಮುದ್ರಿತ ಪಠ್ಯವಿದೆ ಇಲ್ಲಿ ಮುದ್ರಿತ ಪಠ್ಯವಿದೆ ಇಲ್ಲಿ ಮುದ್ರಿತ ಪಠ್ಯವಿದೆ ಇಲ್ಲಿ ಮುದ್ರಿತ ಪಠ್ಯವಿದೆ ಇಲ್ಲಿ ಮುದ್ರಿತ ಪಠ್ಯವಿದೆ ಇಲ್ಲಿ ಮುದ್ರಿತ ಪಠ್ಯವಿದೆ ಇಲ್ಲಿ ಮುದ್ರಿತ ಪಠ್ಯವಿದೆ
ಮಿಲ್ಟೆ ಚಂದ್ರಶೇಖರ
ಲೇಖಕರು,
ಮೊ:9916129654.
ಇಲ್ಲಿ ಮುದ್ರಿತ ಪಠ್ಯವಿದೆ ಇಲ್ಲಿ ಮುದ್ರಿತ ಪಠ್ಯವಿದೆ ಇಲ್ಲಿ ಮುದ್ರಿತ ಪಠ್ಯವಿದೆ ಇಲ್ಲಿ ಮುದ್ರಿತ ಪಠ್ಯವಿದೆ ಇಲ್ಲಿ ಮುದ್ರಿತ ಪಠ್ಯವಿದೆ ಇಲ್ಲಿ ಮುದ್ರಿತ ಪಠ್ಯವಿದೆ ಇಲ್ಲಿ ಮುದ್ರಿತ ಪಠ್ಯವಿದೆ ಇಲ್ಲಿ ಮುದ್ರಿತ ಪಠ್ಯವಿದೆ ಇಲ್ಲಿ ಮುದ್ರಿತ ಪಠ್ಯವಿದೆ ಇಲ್ಲಿ ಮುದ್ರಿತ ಪಠ್ಯವಿದೆ ಇಲ್ಲಿ ಮುದ್ರಿತ ಪಠ್ಯವಿದೆ ಇಲ್ಲಿ ಮುದ್ರಿತ ಪಠ್ಯವಿದೆ ಇಲ್ಲಿ ಮುದ್ರಿತ ಪಠ್ಯವಿದೆ ಇಲ್ಲಿ ಮುದ್ರಿತ ಪಠ್ಯವಿದೆ ಇಲ್ಲಿ ಮುದ್ರಿತ ಪಠ್ಯವಿದೆ ಇಲ್ಲಿ ಮುದ್ರಿತ ಪಠ್ಯವಿದೆ ಇಲ್ಲಿ ಮುದ್ರಿತ ಪಠ್ಯವಿದೆ ಇಲ್ಲಿ ಮುದ್ರಿತ ಪಠ್ಯವಿದೆ ಇಲ್ಲಿ ಮುದ್ರಿತ ಪಠ್ಯವಿದೆ ಇಲ್ಲಿ ಮುದ್ರಿತ ಪಠ್ಯವಿದೆ ಇಲ್ಲಿ ಮುದ್ರಿತ ಪಠ್ಯವಿದೆ ಇಲ್ಲಿ ಮುದ್ರಿತ ಪಠ್ಯವಿದೆ ಇಲ್ಲಿ ಮುದ್ರಿತ ಪಠ್ಯವಿದೆ ಇಲ್ಲಿ ಮುದ್ರಿತ ಪಠ್ಯವಿದೆ ಇಲ್ಲಿ ಮುದ್ರಿತ ಪಠ್ಯವಿದೆ ಇಲ್ಲಿ ಮುದ್ರಿತ ಪಠ್ಯವಿದೆ ಇಲ್ಲಿ ಮುದ್ರಿತ ಪಠ್ಯವಿದೆ ಇಲ್ಲಿ ಮುದ್ರಿತ ಪಠ್ಯವಿದೆ ಇಲ್ಲಿ ಮುದ್ರಿತ ಪಠ್ಯವಿದೆ ಇಲ್ಲಿ ಮುದ್ರಿತ ಪಠ್ಯವಿದೆ ಇಲ್ಲಿ ಮುದ್ರಿತ ಪಠ್ಯವಿದೆ ಇಲ್ಲಿ ಮುದ್ರಿತ ಪಠ್ಯವಿದೆ ಇಲ್ಲಿ ಮುದ್ರಿತ ಪಠ್ಯವಿದೆ ಇಲ್ಲಿ ಮುದ್ರಿತ ಪಠ್ಯವಿದೆ ಇಲ್ಲಿ ಮುದ್ರಿತ ಪಠ್ಯವಿದೆ ಇಲ್ಲಿ ಮುದ್ರಿತ ಪಠ್ಯವಿದೆ ಇಲ್ಲಿ ಮುದ್ರಿತ ಪಠ್ಯವಿದೆ ಇಲ್ಲಿ ಮುದ್ರಿತ ಪಠ್ಯವಿದೆ ಇಲ್ಲಿ ಮುದ್ರಿತ ಪಠ್ಯವಿದೆ ಇಲ್ಲಿ ಮುದ್ರಿತ ಪಠ್ಯವಿದೆ ಇಲ್ಲಿ ಮುದ್ರಿತ ಪಠ್ಯವಿದೆ ಇಲ್ಲಿ ಮುದ್ರಿತ ಪಠ್ಯವಿದೆ ಇಲ್ಲಿ ಮುದ್ರಿತ ಪಠ್ಯವಿದೆ ಇಲ್ಲಿ ಮುದ್ರಿತ ಪಠ್ಯವಿದೆ ಇಲ್ಲಿ ಮುದ್ರಿತ ಪಠ್ಯವಿದೆ ಇಲ್ಲಿ ಮುದ್ರಿತ ಪಠ್ಯವಿದೆ
ನೀನು ಬರೆದ ಕವನ ನನ್ನ ನೆನೆಸಿಗೆ, ಹಾಡು ಹಾಡಿನ ಕವಿತೆಗೆ, ಆ ಒಂದು ಸುಳ್ಳು ನಿಲುವಳಿ ಕವಿತೆ!
ಇಲ್ಲಿ ಮುದ್ರಿತ ಪಠ್ಯವಿದೆ ಇಲ್ಲಿ ಮುದ್ರಿತ ಪಠ್ಯವಿದೆ ಇಲ್ಲಿ ಮುದ್ರಿತ ಪಠ್ಯವಿದೆ ಇಲ್ಲಿ ಮುದ್ರಿತ ಪಠ್ಯವಿದೆ ಇಲ್ಲಿ ಮುದ್ರಿತ ಪಠ್ಯವಿದೆ ಇಲ್ಲಿ ಮುದ್ರಿತ ಪಠ್ಯವಿದೆ ಇಲ್ಲಿ ಮುದ್ರಿತ ಪಠ್ಯವಿದೆ ಇಲ್ಲಿ ಮುದ್ರಿತ ಪಠ್ಯವಿದೆ ಇಲ್ಲಿ ಮುದ್ರಿತ ಪಠ್ಯವಿದೆ ಇಲ್ಲಿ ಮುದ್ರಿತ ಪಠ್ಯವಿದೆ ಇಲ್ಲಿ ಮುದ್ರಿತ ಪಠ್ಯವಿದೆ ಇಲ್ಲಿ ಮುದ್ರಿತ ಪಠ್ಯವಿದೆ ಇಲ್ಲಿ ಮುದ್ರಿತ ಪಠ್ಯವಿದೆ ಇಲ್ಲಿ ಮುದ್ರಿತ ಪಠ್ಯವಿದೆ ಇಲ್ಲಿ ಮುದ್ರಿತ ಪಠ್ಯವಿದೆ ಇಲ್ಲಿ ಮುದ್ರಿತ ಪಠ್ಯವಿದೆ ಇಲ್ಲಿ ಮುದ್ರಿತ ಪಠ್ಯವಿದೆ ಇಲ್ಲಿ ಮುದ್ರಿತ ಪಠ್ಯವಿದೆ ಇಲ್ಲಿ ಮುದ್ರಿತ ಪಠ್ಯವಿದೆ ಇಲ್ಲಿ ಮುದ್ರಿತ ಪಠ್ಯವಿದೆ ಇಲ್ಲಿ ಮುದ್ರಿತ ಪಠ್ಯವಿದೆ ಇಲ್ಲಿ ಮುದ್ರಿತ ಪಠ್ಯವಿದೆ ಇಲ್ಲಿ ಮುದ್ರಿತ ಪಠ್ಯವಿದೆ ಇಲ್ಲಿ ಮುದ್ರಿತ ಪಠ್ಯವಿದೆ ಇಲ್ಲಿ ಮುದ್ರಿತ ಪಠ್ಯವಿದೆ ಇಲ್ಲಿ ಮುದ್ರಿತ ಪಠ್ಯವಿದೆ ಇಲ್ಲಿ ಮುದ್ರಿತ ಪಠ್ಯವಿದೆ ಇಲ್ಲಿ ಮುದ್ರಿತ ಪಠ್ಯವಿದೆ ಇಲ್ಲಿ ಮುದ್ರಿತ ಪಠ್ಯವಿದೆ ಇಲ್ಲಿ ಮುದ್ರಿತ ಪಠ್ಯವಿದೆ ಇಲ್ಲಿ ಮುದ್ರಿತ ಪಠ್ಯವಿದೆ ಇಲ್ಲಿ ಮುದ್ರಿತ ಪಠ್ಯವಿದೆ ಇಲ್ಲಿ ಮುದ್ರಿತ ಪಠ್ಯವಿದೆ ಇಲ್ಲಿ ಮುದ್ರಿತ ಪಠ್ಯವಿದೆ ಇಲ್ಲಿ ಮುದ್ರಿತ ಪಠ್ಯವಿದೆ ಇಲ್ಲಿ ಮುದ್ರಿತ ಪಠ್ಯವಿದೆ ಇಲ್ಲಿ ಮುದ್ರಿತ ಪಠ್ಯವಿದೆ ಇಲ್ಲಿ ಮುದ್ರಿತ ಪಠ್ಯವಿದೆ ಇಲ್ಲಿ ಮುದ್ರಿತ ಪಠ್ಯವಿದೆ ಇಲ್ಲಿ ಮುದ್ರಿತ ಪಠ್ಯವಿದೆ ಇಲ್ಲಿ ಮುದ್ರಿತ ಪಠ್ಯವಿದೆ ಇಲ್ಲಿ ಮುದ್ರಿತ ಪಠ್ಯವಿದೆ ಇಲ್ಲಿ ಮುದ್ರಿತ ಪಠ್ಯವಿದೆ ಇಲ್ಲಿ ಮುದ್ರಿತ ಪಠ್ಯವಿದೆ ಇಲ್ಲಿ ಮುದ್ರಿತ ಪಠ್ಯವಿದೆ ಇಲ್ಲಿ ಮುದ್ರಿತ ಪಠ್ಯವಿದೆ
ಆಹಾರ ವಿಹಾರ ಆರೋಗ್ಯ ಕುರಿತ ಅಂತಾರಾಷ್ಟ್ರೀಯ ಸಮ್ಮೇಳನಕ್ಕೆ ಚಾಲನೆ
ಮೈಸೂರು, ಡಿ.26(ಎಸ್‌ಪಿಎನ್)-
ಇಲ್ಲಿ ಮುದ್ರಿತ ಪಠ್ಯವಿದೆ ಇಲ್ಲಿ ಮುದ್ರಿತ ಪಠ್ಯವಿದೆ ಇಲ್ಲಿ ಮುದ್ರಿತ ಪಠ್ಯವಿದೆ ಇಲ್ಲಿ ಮುದ್ರಿತ ಪಠ್ಯವಿದೆ ಇಲ್ಲಿ ಮುದ್ರಿತ ಪಠ್ಯವಿದೆ ಇಲ್ಲಿ ಮುದ್ರಿತ ಪಠ್ಯವಿದೆ ಇಲ್ಲಿ ಮುದ್ರಿತ ಪಠ್ಯವಿದೆ ಇಲ್ಲಿ ಮುದ್ರಿತ ಪಠ್ಯವಿದೆ ಇಲ್ಲಿ ಮುದ್ರಿತ ಪಠ್ಯವಿದೆ ಇಲ್ಲಿ ಮುದ್ರಿತ ಪಠ್ಯವಿದೆ ಇಲ್ಲಿ ಮುದ್ರಿತ ಪಠ್ಯವಿದೆ ಇಲ್ಲಿ ಮುದ್ರಿತ ಪಠ್ಯವಿದೆ ಇಲ್ಲಿ ಮುದ್ರಿತ ಪಠ್ಯವಿದೆ ಇಲ್ಲಿ ಮುದ್ರಿತ ಪಠ್ಯವಿದೆ ಇಲ್ಲಿ ಮುದ್ರಿತ ಪಠ್ಯವಿದೆ ಇಲ್ಲಿ ಮುದ್ರಿತ ಪಠ್ಯವಿದೆ ಇಲ್ಲಿ ಮುದ್ರಿತ ಪಠ್ಯವಿದೆ ಇಲ್ಲಿ ಮುದ್ರಿತ ಪಠ್ಯವಿದೆ ಇಲ್ಲಿ ಮುದ್ರಿತ ಪಠ್ಯವಿದೆ ಇಲ್ಲಿ ಮುದ್ರಿತ ಪಠ್ಯವಿದೆ ಇಲ್ಲಿ ಮುದ್ರಿತ ಪಠ್ಯವಿದೆ ಇಲ್ಲಿ ಮುದ್ರಿತ ಪಠ್ಯವಿದೆ ಇಲ್ಲಿ ಮುದ್ರಿತ ಪಠ್ಯವಿದೆ ಇಲ್ಲಿ ಮುದ್ರಿತ ಪಠ್ಯವಿದೆ ಇಲ್ಲಿ ಮುದ್ರಿತ ಪಠ್ಯವಿದೆ ಇಲ್ಲಿ ಮುದ್ರಿತ ಪಠ್ಯವಿದೆ ಇಲ್ಲಿ ಮುದ್ರಿತ ಪಠ್ಯವಿದೆ ಇಲ್ಲಿ ಮುದ್ರಿತ ಪಠ್ಯವಿದೆ ಇಲ್ಲಿ ಮುದ್ರಿತ ಪಠ್ಯವಿದೆ ಇಲ್ಲಿ ಮುದ್ರಿತ ಪಠ್ಯವಿದೆ ಇಲ್ಲಿ ಮುದ್ರಿತ ಪಠ್ಯವಿದೆ ಇಲ್ಲಿ ಮುದ್ರಿತ ಪಠ್ಯವಿದೆ ಇಲ್ಲಿ ಮುದ್ರಿತ ಪಠ್ಯವಿದೆ ಇಲ್ಲಿ ಮುದ್ರಿತ ಪಠ್ಯವಿದೆ ಇಲ್ಲಿ ಮುದ್ರಿತ ಪಠ್ಯವಿದೆ ಇಲ್ಲಿ ಮುದ್ರಿತ ಪಠ್ಯವಿದೆ ಇಲ್ಲಿ ಮುದ್ರಿತ ಪಠ್ಯವಿದೆ ಇಲ್ಲಿ ಮುದ್ರಿತ ಪಠ್ಯವಿದೆ ಇಲ್ಲಿ ಮುದ್ರಿತ ಪಠ್ಯವಿದೆ ಇಲ್ಲಿ ಮುದ್ರಿತ ಪಠ್ಯವಿದೆ ಇಲ್ಲಿ ಮುದ್ರಿತ ಪಠ್ಯವಿದೆ ಇಲ್ಲಿ ಮುದ್ರಿತ ಪಠ್ಯವಿದೆ ಇಲ್ಲಿ ಮುದ್ರಿತ ಪಠ್ಯವಿದೆ ಇಲ್ಲಿ ಮುದ್ರಿತ ಪಠ್ಯವಿದೆ ಇಲ್ಲಿ ಮುದ್ರಿತ ಪಠ್ಯವಿದೆ ಇಲ್ಲಿ ಮುದ್ರಿತ ಪಠ್ಯವಿದೆ	INTERDICTING PRODUCTION & PREVENTION OF ALZHEIMER'S IN INDIA
'ಆಹಾರ-ವಿಹಾರ-ಆರೋಗ್ಯ ವಿಚಾರದ ಬಗ್ಗೆ ಅಂತಾರಾಷ್ಟ್ರೀಯ ಸಮ್ಮೇಳನವನ್ನು ಮಾಜಿ ರಾಷ್ಟ್ರಪತಿ ಡಾ.ವಿ.ಜೆ.ಶೇಖರ್ ಉದ್ಘಾಟಿಸಿದರು.
ಇಲ್ಲಿ ಮುದ್ರಿತ ಪಠ್ಯವಿದೆ ಇಲ್ಲಿ ಮುದ್ರಿತ ಪಠ್ಯವಿದೆ ಇಲ್ಲಿ ಮುದ್ರಿತ ಪಠ್ಯವಿದೆ ಇಲ್ಲಿ ಮುದ್ರಿತ ಪಠ್ಯವಿದೆ ಇಲ್ಲಿ ಮುದ್ರಿತ ಪಠ್ಯವಿದೆ ಇಲ್ಲಿ ಮುದ್ರಿತ ಪಠ್ಯವಿದೆ ಇಲ್ಲಿ ಮುದ್ರಿತ ಪಠ್ಯವಿದೆ ಇಲ್ಲಿ ಮುದ್ರಿತ ಪಠ್ಯವಿದೆ ಇಲ್ಲಿ ಮುದ್ರಿತ ಪಠ್ಯವಿದೆ ಇಲ್ಲಿ ಮುದ್ರಿತ ಪಠ್ಯವಿದೆ ಇಲ್ಲಿ ಮುದ್ರಿತ ಪಠ್ಯವಿದೆ ಇಲ್ಲಿ ಮುದ್ರಿತ ಪಠ್ಯವಿದೆ ಇಲ್ಲಿ ಮುದ್ರಿತ ಪಠ್ಯವಿದೆ ಇಲ್ಲಿ ಮುದ್ರಿತ ಪಠ್ಯವಿದೆ ಇಲ್ಲಿ ಮುದ್ರಿತ ಪಠ್ಯವಿದೆ ಇಲ್ಲಿ ಮುದ್ರಿತ ಪಠ್ಯವಿದೆ ಇಲ್ಲಿ ಮುದ್ರಿತ ಪಠ್ಯವಿದೆ ಇಲ್ಲಿ ಮುದ್ರಿತ ಪಠ್ಯವಿದೆ ಇಲ್ಲಿ ಮುದ್ರಿತ ಪಠ್ಯವಿದೆ ಇಲ್ಲಿ ಮುದ್ರಿತ ಪಠ್ಯವಿದೆ ಇಲ್ಲಿ ಮುದ್ರಿತ ಪಠ್ಯವಿದೆ ಇಲ್ಲಿ ಮುದ್ರಿತ ಪಠ್ಯವಿದೆ ಇಲ್ಲಿ ಮುದ್ರಿತ ಪಠ್ಯವಿದೆ ಇಲ್ಲಿ ಮುದ್ರಿತ ಪಠ್ಯವಿದೆ ಇಲ್ಲಿ ಮುದ್ರಿತ ಪಠ್ಯವಿದೆ ಇಲ್ಲಿ ಮುದ್ರಿತ ಪಠ್ಯವಿದೆ ಇಲ್ಲಿ ಮುದ್ರಿತ ಪಠ್ಯವಿದೆ ಇಲ್ಲಿ ಮುದ್ರಿತ ಪಠ್ಯವಿದೆ ಇಲ್ಲಿ ಮುದ್ರಿತ ಪಠ್ಯವಿದೆ ಇಲ್ಲಿ ಮುದ್ರಿತ ಪಠ್ಯವಿದೆ ಇಲ್ಲಿ ಮುದ್ರಿತ ಪಠ್ಯವಿದೆ ಇಲ್ಲಿ ಮುದ್ರಿತ ಪಠ್ಯವಿದೆ ಇಲ್ಲಿ ಮುದ್ರಿತ ಪಠ್ಯವಿದೆ ಇಲ್ಲಿ ಮುದ್ರಿತ ಪಠ್ಯವಿದೆ ಇಲ್ಲಿ ಮುದ್ರಿತ ಪಠ್ಯವಿದೆ ಇಲ್ಲಿ ಮುದ್ರಿತ ಪಠ್ಯವಿದೆ ಇಲ್ಲಿ ಮುದ್ರಿತ ಪಠ್ಯವಿದೆ ಇಲ್ಲಿ ಮುದ್ರಿತ ಪಠ್ಯವಿದೆ ಇಲ್ಲಿ ಮುದ್ರಿತ ಪಠ್ಯವಿದೆ ಇಲ್ಲಿ ಮುದ್ರಿತ ಪಠ್ಯವಿದೆ ಇಲ್ಲಿ ಮುದ್ರಿತ ಪಠ್ಯವಿದೆ ಇಲ್ಲಿ ಮುದ್ರಿತ ಪಠ್ಯವಿದೆ ಇಲ್ಲಿ ಮುದ್ರಿತ ಪಠ್ಯವಿದೆ ಇಲ್ಲಿ ಮುದ್ರಿತ ಪಠ್ಯವಿದೆ ಇಲ್ಲಿ ಮುದ್ರಿತ ಪಠ್ಯವಿದೆ ಇಲ್ಲಿ ಮುದ್ರಿತ ಪಠ್ಯವಿದೆ
ಇಲ್ಲಿ ಮುದ್ರಿತ ಪಠ್ಯವಿದೆ ಇಲ್ಲಿ ಮುದ್ರಿತ ಪಠ್ಯವಿದೆ ಇಲ್ಲಿ ಮುದ್ರಿತ ಪಠ್ಯವಿದೆ ಇಲ್ಲಿ ಮುದ್ರಿತ ಪಠ್ಯವಿದೆ ಇಲ್ಲಿ ಮುದ್ರಿತ ಪಠ್ಯವಿದೆ ಇಲ್ಲಿ ಮುದ್ರಿತ ಪಠ್ಯವಿದೆ ಇಲ್ಲಿ ಮುದ್ರಿತ ಪಠ್ಯವಿದೆ ಇಲ್ಲಿ ಮುದ್ರಿತ ಪಠ್ಯವಿದೆ ಇಲ್ಲಿ ಮುದ್ರಿತ ಪಠ್ಯವಿದೆ ಇಲ್ಲಿ ಮುದ್ರಿತ ಪಠ್ಯವಿದೆ ಇಲ್ಲಿ ಮುದ್ರಿತ ಪಠ್ಯವಿದೆ ಇಲ್ಲಿ ಮುದ್ರಿತ ಪಠ್ಯವಿದೆ ಇಲ್ಲಿ ಮುದ್ರಿತ ಪಠ್ಯವಿದೆ ಇಲ್ಲಿ ಮುದ್ರಿತ ಪಠ್ಯವಿದೆ ಇಲ್ಲಿ ಮುದ್ರಿತ ಪಠ್ಯವಿದೆ ಇಲ್ಲಿ ಮುದ್ರಿತ ಪಠ್ಯವಿದೆ ಇಲ್ಲಿ ಮುದ್ರಿತ ಪಠ್ಯವಿದೆ ಇಲ್ಲಿ ಮುದ್ರಿತ ಪಠ್ಯವಿದೆ ಇಲ್ಲಿ ಮುದ್ರಿತ ಪಠ್ಯವಿದೆ ಇಲ್ಲಿ ಮುದ್ರಿತ ಪಠ್ಯವಿದೆ ಇಲ್ಲಿ ಮುದ್ರಿತ ಪಠ್ಯವಿದೆ ಇಲ್ಲಿ ಮುದ್ರಿತ ಪಠ್ಯವಿದೆ ಇಲ್ಲಿ ಮುದ್ರಿತ ಪಠ್ಯವಿದೆ ಇಲ್ಲಿ ಮುದ್ರಿತ ಪಠ್ಯವಿದೆ ಇಲ್ಲಿ ಮುದ್ರಿತ ಪಠ್ಯವಿದೆ ಇಲ್ಲಿ ಮುದ್ರಿತ ಪಠ್ಯವಿದೆ ಇಲ್ಲಿ ಮುದ್ರಿತ ಪಠ್ಯವಿದೆ ಇಲ್ಲಿ ಮುದ್ರಿತ ಪಠ್ಯವಿದೆ ಇಲ್ಲಿ ಮುದ್ರಿತ ಪಠ್ಯವಿದೆ ಇಲ್ಲಿ ಮುದ್ರಿತ ಪಠ್ಯವಿದೆ ಇಲ್ಲಿ ಮುದ್ರಿತ ಪಠ್ಯವಿದೆ ಇಲ್ಲಿ ಮುದ್ರಿತ ಪಠ್ಯವಿದೆ ಇಲ್ಲಿ ಮುದ್ರಿತ ಪಠ್ಯವಿದೆ ಇಲ್ಲಿ ಮುದ್ರಿತ ಪಠ್ಯವಿದೆ ಇಲ್ಲಿ ಮುದ್ರಿತ ಪಠ್ಯವಿದೆ ಇಲ್ಲಿ ಮುದ್ರಿತ ಪಠ್ಯವಿದೆ ಇಲ್ಲಿ ಮುದ್ರಿತ ಪಠ್ಯವಿದೆ ಇಲ್ಲಿ ಮುದ್ರಿತ ಪಠ್ಯವಿದೆ ಇಲ್ಲಿ ಮುದ್ರಿತ ಪಠ್ಯವಿದೆ ಇಲ್ಲಿ ಮುದ್ರಿತ ಪಠ್ಯವಿದೆ ಇಲ್ಲಿ ಮುದ್ರಿತ ಪಠ್ಯವಿದೆ ಇಲ್ಲಿ ಮುದ್ರಿತ ಪಠ್ಯವಿದೆ ಇಲ್ಲಿ ಮುದ್ರಿತ ಪಠ್ಯವಿದೆ ಇಲ್ಲಿ ಮುದ್ರಿತ ಪಠ್ಯವಿದೆ ಇಲ್ಲಿ ಮುದ್ರಿತ ಪಠ್ಯವಿದೆ ಇಲ್ಲಿ ಮುದ್ರಿತ ಪಠ್ಯವಿದೆ
ಸ್ವಸ್ಥ ಆರೋಗ್ಯ ರಕ್ಷಣೆಯಲ್ಲಿ ಆಧುನಿಕ ವಿಜ್ಞಾನದ ಪದ್ಧತಿ ಕೂಡಿಬರಬೇಕು, ದೇಶವು ವೈದ್ಯಕೀಯ ಜೀವನಕ್ಕೆ ಮಾದರಿಯಾಗಬೇಕು, ಉತ್ತಮ ಚಿಕಿತ್ಸೆ ಲಭ್ಯವಾಗಲಿ
-ಡಾ.ಬಿ.ಪಿ.ಪ್ರಕಾಶ್, ನಿವೃತ್ತ ನಿರ್ದೇಶಕ, ಸಿಎಫ್‌ಟಿಆರ್‌ಐ
ಇಲ್ಲಿ ಮುದ್ರಿತ ಪಠ್ಯವಿದೆ ಇಲ್ಲಿ ಮುದ್ರಿತ ಪಠ್ಯವಿದೆ ಇಲ್ಲಿ ಮುದ್ರಿತ ಪಠ್ಯವಿದೆ ಇಲ್ಲಿ ಮುದ್ರಿತ ಪಠ್ಯವಿದೆ ಇಲ್ಲಿ ಮುದ್ರಿತ ಪಠ್ಯವಿದೆ ಇಲ್ಲಿ ಮುದ್ರಿತ ಪಠ್ಯವಿದೆ ಇಲ್ಲಿ ಮುದ್ರಿತ ಪಠ್ಯವಿದೆ ಇಲ್ಲಿ ಮುದ್ರಿತ ಪಠ್ಯವಿದೆ ಇಲ್ಲಿ ಮುದ್ರಿತ ಪಠ್ಯವಿದೆ ಇಲ್ಲಿ ಮುದ್ರಿತ ಪಠ್ಯವಿದೆ ಇಲ್ಲಿ ಮುದ್ರಿತ ಪಠ್ಯವಿದೆ ಇಲ್ಲಿ ಮುದ್ರಿತ ಪಠ್ಯವಿದೆ ಇಲ್ಲಿ ಮುದ್ರಿತ ಪಠ್ಯವಿದೆ ಇಲ್ಲಿ ಮುದ್ರಿತ ಪಠ್ಯವಿದೆ ಇಲ್ಲಿ ಮುದ್ರಿತ ಪಠ್ಯವಿದೆ ಇಲ್ಲಿ ಮುದ್ರಿತ ಪಠ್ಯವಿದೆ ಇಲ್ಲಿ ಮುದ್ರಿತ ಪಠ್ಯವಿದೆ ಇಲ್ಲಿ ಮುದ್ರಿತ ಪಠ್ಯವಿದೆ ಇಲ್ಲಿ ಮುದ್ರಿತ ಪಠ್ಯವಿದೆ ಇಲ್ಲಿ ಮುದ್ರಿತ ಪಠ್ಯವಿದೆ ಇಲ್ಲಿ ಮುದ್ರಿತ ಪಠ್ಯವಿದೆ ಇಲ್ಲಿ ಮುದ್ರಿತ ಪಠ್ಯವಿದೆ ಇಲ್ಲಿ ಮುದ್ರಿತ ಪಠ್ಯವಿದೆ ಇಲ್ಲಿ ಮುದ್ರಿತ ಪಠ್ಯವಿದೆ ಇಲ್ಲಿ ಮುದ್ರಿತ ಪಠ್ಯವಿದೆ ಇಲ್ಲಿ ಮುದ್ರಿತ ಪಠ್ಯವಿದೆ ಇಲ್ಲಿ ಮುದ್ರಿತ ಪಠ್ಯವಿದೆ ಇಲ್ಲಿ ಮುದ್ರಿತ ಪಠ್ಯವಿದೆ ಇಲ್ಲಿ ಮುದ್ರಿತ ಪಠ್ಯವಿದೆ ಇಲ್ಲಿ ಮುದ್ರಿತ ಪಠ್ಯವಿದೆ ಇಲ್ಲಿ ಮುದ್ರಿತ ಪಠ್ಯವಿದೆ ಇಲ್ಲಿ ಮುದ್ರಿತ ಪಠ್ಯವಿದೆ ಇಲ್ಲಿ ಮುದ್ರಿತ ಪಠ್ಯವಿದೆ ಇಲ್ಲಿ ಮುದ್ರಿತ ಪಠ್ಯವಿದೆ ಇಲ್ಲಿ ಮುದ್ರಿತ ಪಠ್ಯವಿದೆ ಇಲ್ಲಿ ಮುದ್ರಿತ ಪಠ್ಯವಿದೆ ಇಲ್ಲಿ ಮುದ್ರಿತ ಪಠ್ಯವಿದೆ ಇಲ್ಲಿ ಮುದ್ರಿತ ಪಠ್ಯವಿದೆ ಇಲ್ಲಿ ಮುದ್ರಿತ ಪಠ್ಯವಿದೆ ಇಲ್ಲಿ ಮುದ್ರಿತ ಪಠ್ಯವಿದೆ ಇಲ್ಲಿ ಮುದ್ರಿತ ಪಠ್ಯವಿದೆ ಇಲ್ಲಿ ಮುದ್ರಿತ ಪಠ್ಯವಿದೆ ಇಲ್ಲಿ ಮುದ್ರಿತ ಪಠ್ಯವಿದೆ ಇಲ್ಲಿ ಮುದ್ರಿತ ಪಠ್ಯವಿದೆ ಇಲ್ಲಿ ಮುದ್ರಿತ ಪಠ್ಯವಿದೆ ಇಲ್ಲಿ ಮುದ್ರಿತ ಪಠ್ಯವಿದೆ
ಬಾಂಗ್ಲಾದಲ್ಲಿ ಹಿಂದೂಗಳ ನರಮೇಧ ಖಂಡಿಸಿ
ಮೈಸೂರಲ್ಲಿ ಹಿಂದೂಪರ ಸಂಘಟನೆಗಳಿಂದ ಪಂಜಿನ ಮೆರವಣಿಗೆ
ಮೈಸೂರು, ಡಿ.26(ಎಸ್‌ಪಿಎನ್)-
ಇಲ್ಲಿ ಮುದ್ರಿತ ಪಠ್ಯವಿದೆ ಇಲ್ಲಿ ಮುದ್ರಿತ ಪಠ್ಯವಿದೆ ಇಲ್ಲಿ ಮುದ್ರಿತ ಪಠ್ಯವಿದೆ ಇಲ್ಲಿ ಮುದ್ರಿತ ಪಠ್ಯವಿದೆ ಇಲ್ಲಿ ಮುದ್ರಿತ ಪಠ್ಯವಿದೆ ಇಲ್ಲಿ ಮುದ್ರಿತ ಪಠ್ಯವಿದೆ ಇಲ್ಲಿ ಮುದ್ರಿತ ಪಠ್ಯವಿದೆ ಇಲ್ಲಿ ಮುದ್ರಿತ ಪಠ್ಯವಿದೆ ಇಲ್ಲಿ ಮುದ್ರಿತ ಪಠ್ಯವಿದೆ ಇಲ್ಲಿ ಮುದ್ರಿತ ಪಠ್ಯವಿದೆ ಇಲ್ಲಿ ಮುದ್ರಿತ ಪಠ್ಯವಿದೆ ಇಲ್ಲಿ ಮುದ್ರಿತ ಪಠ್ಯವಿದೆ ಇಲ್ಲಿ ಮುದ್ರಿತ ಪಠ್ಯವಿದೆ ಇಲ್ಲಿ ಮುದ್ರಿತ ಪಠ್ಯವಿದೆ ಇಲ್ಲಿ ಮುದ್ರಿತ ಪಠ್ಯವಿದೆ ಇಲ್ಲಿ ಮುದ್ರಿತ ಪಠ್ಯವಿದೆ ಇಲ್ಲಿ ಮುದ್ರಿತ ಪಠ್ಯವಿದೆ ಇಲ್ಲಿ ಮುದ್ರಿತ ಪಠ್ಯವಿದೆ ಇಲ್ಲಿ ಮುದ್ರಿತ ಪಠ್ಯವಿದೆ ಇಲ್ಲಿ ಮುದ್ರಿತ ಪಠ್ಯವಿದೆ ಇಲ್ಲಿ ಮುದ್ರಿತ ಪಠ್ಯವಿದೆ ಇಲ್ಲಿ ಮುದ್ರಿತ ಪಠ್ಯವಿದೆ ಇಲ್ಲಿ ಮುದ್ರಿತ ಪಠ್ಯವಿದೆ ಇಲ್ಲಿ ಮುದ್ರಿತ ಪಠ್ಯವಿದೆ ಇಲ್ಲಿ ಮುದ್ರಿತ ಪಠ್ಯವಿದೆ ಇಲ್ಲಿ ಮುದ್ರಿತ ಪಠ್ಯವಿದೆ ಇಲ್ಲಿ ಮುದ್ರಿತ ಪಠ್ಯವಿದೆ ಇಲ್ಲಿ ಮುದ್ರಿತ ಪಠ್ಯವಿದೆ ಇಲ್ಲಿ ಮುದ್ರಿತ ಪಠ್ಯವಿದೆ ಇಲ್ಲಿ ಮುದ್ರಿತ ಪಠ್ಯವಿದೆ ಇಲ್ಲಿ ಮುದ್ರಿತ ಪಠ್ಯವಿದೆ ಇಲ್ಲಿ ಮುದ್ರಿತ ಪಠ್ಯವಿದೆ ಇಲ್ಲಿ ಮುದ್ರಿತ ಪಠ್ಯವಿದೆ ಇಲ್ಲಿ ಮುದ್ರಿತ ಪಠ್ಯವಿದೆ ಇಲ್ಲಿ ಮುದ್ರಿತ ಪಠ್ಯವಿದೆ ಇಲ್ಲಿ ಮುದ್ರಿತ ಪಠ್ಯವಿದೆ ಇಲ್ಲಿ ಮುದ್ರಿತ ಪಠ್ಯವಿದೆ ಇಲ್ಲಿ ಮುದ್ರಿತ ಪಠ್ಯವಿದೆ ಇಲ್ಲಿ ಮುದ್ರಿತ ಪಠ್ಯವಿದೆ ಇಲ್ಲಿ ಮುದ್ರಿತ ಪಠ್ಯವಿದೆ ಇಲ್ಲಿ ಮುದ್ರಿತ ಪಠ್ಯವಿದೆ ಇಲ್ಲಿ ಮುದ್ರಿತ ಪಠ್ಯವಿದೆ ಇಲ್ಲಿ ಮುದ್ರಿತ ಪಠ್ಯವಿದೆ ಇಲ್ಲಿ ಮುದ್ರಿತ ಪಠ್ಯವಿದೆ ಇಲ್ಲಿ ಮುದ್ರಿತ ಪಠ್ಯವಿದೆ ಇಲ್ಲಿ ಮುದ್ರಿತ ಪಠ್ಯವಿದೆ
ಹಿಂದೂಪರ ಸಂಘಟನೆಗಳ ಒಕ್ಕೂಟ
ಬಾಂಗ್ಲಾದೇಶದಲ್ಲಿ ಹಿಂದೂಗಳ ಹತ್ಯೆ ಖಂಡಿಸಿ ಹಿಂದೂಪರ ಸಂಘಟನೆಗಳಿಂದ ಮೈಸೂರಿನಲ್ಲಿ ಪಂಜಿನ ಮೆರವಣಿಗೆ ನಡೆಸಲಾಯಿತು.
ಇಲ್ಲಿ ಮುದ್ರಿತ ಪಠ್ಯವಿದೆ ಇಲ್ಲಿ ಮುದ್ರಿತ ಪಠ್ಯವಿದೆ ಇಲ್ಲಿ ಮುದ್ರಿತ ಪಠ್ಯವಿದೆ ಇಲ್ಲಿ ಮುದ್ರಿತ ಪಠ್ಯವಿದೆ ಇಲ್ಲಿ ಮುದ್ರಿತ ಪಠ್ಯವಿದೆ ಇಲ್ಲಿ ಮುದ್ರಿತ ಪಠ್ಯವಿದೆ ಇಲ್ಲಿ ಮುದ್ರಿತ ಪಠ್ಯವಿದೆ ಇಲ್ಲಿ ಮುದ್ರಿತ ಪಠ್ಯವಿದೆ ಇಲ್ಲಿ ಮುದ್ರಿತ ಪಠ್ಯವಿದೆ ಇಲ್ಲಿ ಮುದ್ರಿತ ಪಠ್ಯವಿದೆ ಇಲ್ಲಿ ಮುದ್ರಿತ ಪಠ್ಯವಿದೆ ಇಲ್ಲಿ ಮುದ್ರಿತ ಪಠ್ಯವಿದೆ ಇಲ್ಲಿ ಮುದ್ರಿತ ಪಠ್ಯವಿದೆ ಇಲ್ಲಿ ಮುದ್ರಿತ ಪಠ್ಯವಿದೆ ಇಲ್ಲಿ ಮುದ್ರಿತ ಪಠ್ಯವಿದೆ ಇಲ್ಲಿ ಮುದ್ರಿತ ಪಠ್ಯವಿದೆ ಇಲ್ಲಿ ಮುದ್ರಿತ ಪಠ್ಯವಿದೆ ಇಲ್ಲಿ ಮುದ್ರಿತ ಪಠ್ಯವಿದೆ ಇಲ್ಲಿ ಮುದ್ರಿತ ಪಠ್ಯವಿದೆ ಇಲ್ಲಿ ಮುದ್ರಿತ ಪಠ್ಯವಿದೆ ಇಲ್ಲಿ ಮುದ್ರಿತ ಪಠ್ಯವಿದೆ ಇಲ್ಲಿ ಮುದ್ರಿತ ಪಠ್ಯವಿದೆ ಇಲ್ಲಿ ಮುದ್ರಿತ ಪಠ್ಯವಿದೆ ಇಲ್ಲಿ ಮುದ್ರಿತ ಪಠ್ಯವಿದೆ ಇಲ್ಲಿ ಮುದ್ರಿತ ಪಠ್ಯವಿದೆ ಇಲ್ಲಿ ಮುದ್ರಿತ ಪಠ್ಯವಿದೆ ಇಲ್ಲಿ ಮುದ್ರಿತ ಪಠ್ಯವಿದೆ ಇಲ್ಲಿ ಮುದ್ರಿತ ಪಠ್ಯವಿದೆ ಇಲ್ಲಿ ಮುದ್ರಿತ ಪಠ್ಯವಿದೆ ಇಲ್ಲಿ ಮುದ್ರಿತ ಪಠ್ಯವಿದೆ ಇಲ್ಲಿ ಮುದ್ರಿತ ಪಠ್ಯವಿದೆ ಇಲ್ಲಿ ಮುದ್ರಿತ ಪಠ್ಯವಿದೆ ಇಲ್ಲಿ ಮುದ್ರಿತ ಪಠ್ಯವಿದೆ ಇಲ್ಲಿ ಮುದ್ರಿತ ಪಠ್ಯವಿದೆ ಇಲ್ಲಿ ಮುದ್ರಿತ ಪಠ್ಯವಿದೆ ಇಲ್ಲಿ ಮುದ್ರಿತ ಪಠ್ಯವಿದೆ ಇಲ್ಲಿ ಮುದ್ರಿತ ಪಠ್ಯವಿದೆ ಇಲ್ಲಿ ಮುದ್ರಿತ ಪಠ್ಯವಿದೆ ಇಲ್ಲಿ ಮುದ್ರಿತ ಪಠ್ಯವಿದೆ ಇಲ್ಲಿ ಮುದ್ರಿತ ಪಠ್ಯವಿದೆ ಇಲ್ಲಿ ಮುದ್ರಿತ ಪಠ್ಯವಿದೆ ಇಲ್ಲಿ ಮುದ್ರಿತ ಪಠ್ಯವಿದೆ ಇಲ್ಲಿ ಮುದ್ರಿತ ಪಠ್ಯವಿದೆ ಇಲ್ಲಿ ಮುದ್ರಿತ ಪಠ್ಯವಿದೆ ಇಲ್ಲಿ ಮುದ್ರಿತ ಪಠ್ಯವಿದೆ ಇಲ್ಲಿ ಮುದ್ರಿತ ಪಠ್ಯವಿದೆ
ಇಲ್ಲಿ ಮುದ್ರಿತ ಪಠ್ಯವಿದೆ ಇಲ್ಲಿ ಮುದ್ರಿತ ಪಠ್ಯವಿದೆ ಇಲ್ಲಿ ಮುದ್ರಿತ ಪಠ್ಯವಿದೆ ಇಲ್ಲಿ ಮುದ್ರಿತ ಪಠ್ಯವಿದೆ ಇಲ್ಲಿ ಮುದ್ರಿತ ಪಠ್ಯವಿದೆ ಇಲ್ಲಿ ಮುದ್ರಿತ ಪಠ್ಯವಿದೆ ಇಲ್ಲಿ ಮುದ್ರಿತ ಪಠ್ಯವಿದೆ ಇಲ್ಲಿ ಮುದ್ರಿತ ಪಠ್ಯವಿದೆ ಇಲ್ಲಿ ಮುದ್ರಿತ ಪಠ್ಯವಿದೆ ಇಲ್ಲಿ ಮುದ್ರಿತ ಪಠ್ಯವಿದೆ ಇಲ್ಲಿ ಮುದ್ರಿತ ಪಠ್ಯವಿದೆ ಇಲ್ಲಿ ಮುದ್ರಿತ ಪಠ್ಯವಿದೆ ಇಲ್ಲಿ ಮುದ್ರಿತ ಪಠ್ಯವಿದೆ ಇಲ್ಲಿ ಮುದ್ರಿತ ಪಠ್ಯವಿದೆ ಇಲ್ಲಿ ಮುದ್ರಿತ ಪಠ್ಯವಿದೆ ಇಲ್ಲಿ ಮುದ್ರಿತ ಪಠ್ಯವಿದೆ ಇಲ್ಲಿ ಮುದ್ರಿತ ಪಠ್ಯವಿದೆ ಇಲ್ಲಿ ಮುದ್ರಿತ ಪಠ್ಯವಿದೆ ಇಲ್ಲಿ ಮುದ್ರಿತ ಪಠ್ಯವಿದೆ ಇಲ್ಲಿ ಮುದ್ರಿತ ಪಠ್ಯವಿದೆ ಇಲ್ಲಿ ಮುದ್ರಿತ ಪಠ್ಯವಿದೆ ಇಲ್ಲಿ ಮುದ್ರಿತ ಪಠ್ಯವಿದೆ ಇಲ್ಲಿ ಮುದ್ರಿತ ಪಠ್ಯವಿದೆ ಇಲ್ಲಿ ಮುದ್ರಿತ ಪಠ್ಯವಿದೆ ಇಲ್ಲಿ ಮುದ್ರಿತ ಪಠ್ಯವಿದೆ ಇಲ್ಲಿ ಮುದ್ರಿತ ಪಠ್ಯವಿದೆ ಇಲ್ಲಿ ಮುದ್ರಿತ ಪಠ್ಯವಿದೆ ಇಲ್ಲಿ ಮುದ್ರಿತ ಪಠ್ಯವಿದೆ ಇಲ್ಲಿ ಮುದ್ರಿತ ಪಠ್ಯವಿದೆ ಇಲ್ಲಿ ಮುದ್ರಿತ ಪಠ್ಯವಿದೆ ಇಲ್ಲಿ ಮುದ್ರಿತ ಪಠ್ಯವಿದೆ ಇಲ್ಲಿ ಮುದ್ರಿತ ಪಠ್ಯವಿದೆ ಇಲ್ಲಿ ಮುದ್ರಿತ ಪಠ್ಯವಿದೆ ಇಲ್ಲಿ ಮುದ್ರಿತ ಪಠ್ಯವಿದೆ ಇಲ್ಲಿ ಮುದ್ರಿತ ಪಠ್ಯವಿದೆ ಇಲ್ಲಿ ಮುದ್ರಿತ ಪಠ್ಯವಿದೆ ಇಲ್ಲಿ ಮುದ್ರಿತ ಪಠ್ಯವಿದೆ ಇಲ್ಲಿ ಮುದ್ರಿತ ಪಠ್ಯವಿದೆ ಇಲ್ಲಿ ಮುದ್ರಿತ ಪಠ್ಯವಿದೆ ಇಲ್ಲಿ ಮುದ್ರಿತ ಪಠ್ಯವಿದೆ ಇಲ್ಲಿ ಮುದ್ರಿತ ಪಠ್ಯವಿದೆ ಇಲ್ಲಿ ಮುದ್ರಿತ ಪಠ್ಯವಿದೆ ಇಲ್ಲಿ ಮುದ್ರಿತ ಪಠ್ಯವಿದೆ ಇಲ್ಲಿ ಮುದ್ರಿತ ಪಠ್ಯವಿದೆ ಇಲ್ಲಿ ಮುದ್ರಿತ ಪಠ್ಯವಿದೆ ಇಲ್ಲಿ ಮುದ್ರಿತ ಪಠ್ಯವಿದೆ
ಇಲ್ಲಿ ಮುದ್ರಿತ ಪಠ್ಯವಿದೆ ಇಲ್ಲಿ ಮುದ್ರಿತ ಪಠ್ಯವಿದೆ ಇಲ್ಲಿ ಮುದ್ರಿತ ಪಠ್ಯವಿದೆ ಇಲ್ಲಿ ಮುದ್ರಿತ ಪಠ್ಯವಿದೆ ಇಲ್ಲಿ ಮುದ್ರಿತ ಪಠ್ಯವಿದೆ ಇಲ್ಲಿ ಮುದ್ರಿತ ಪಠ್ಯವಿದೆ ಇಲ್ಲಿ ಮುದ್ರಿತ ಪಠ್ಯವಿದೆ ಇಲ್ಲಿ ಮುದ್ರಿತ ಪಠ್ಯವಿದೆ ಇಲ್ಲಿ ಮುದ್ರಿತ ಪಠ್ಯವಿದೆ ಇಲ್ಲಿ ಮುದ್ರಿತ ಪಠ್ಯವಿದೆ ಇಲ್ಲಿ ಮುದ್ರಿತ ಪಠ್ಯವಿದೆ ಇಲ್ಲಿ ಮುದ್ರಿತ ಪಠ್ಯವಿದೆ ಇಲ್ಲಿ ಮುದ್ರಿತ ಪಠ್ಯವಿದೆ ಇಲ್ಲಿ ಮುದ್ರಿತ ಪಠ್ಯವಿದೆ ಇಲ್ಲಿ ಮುದ್ರಿತ ಪಠ್ಯವಿದೆ ಇಲ್ಲಿ ಮುದ್ರಿತ ಪಠ್ಯವಿದೆ ಇಲ್ಲಿ ಮುದ್ರಿತ ಪಠ್ಯವಿದೆ ಇಲ್ಲಿ ಮುದ್ರಿತ ಪಠ್ಯವಿದೆ ಇಲ್ಲಿ ಮುದ್ರಿತ ಪಠ್ಯವಿದೆ ಇಲ್ಲಿ ಮುದ್ರಿತ ಪಠ್ಯವಿದೆ ಇಲ್ಲಿ ಮುದ್ರಿತ ಪಠ್ಯವಿದೆ ಇಲ್ಲಿ ಮುದ್ರಿತ ಪಠ್ಯವಿದೆ ಇಲ್ಲಿ ಮುದ್ರಿತ ಪಠ್ಯವಿದೆ ಇಲ್ಲಿ ಮುದ್ರಿತ ಪಠ್ಯವಿದೆ ಇಲ್ಲಿ ಮುದ್ರಿತ ಪಠ್ಯವಿದೆ ಇಲ್ಲಿ ಮುದ್ರಿತ ಪಠ್ಯವಿದೆ ಇಲ್ಲಿ ಮುದ್ರಿತ ಪಠ್ಯವಿದೆ ಇಲ್ಲಿ ಮುದ್ರಿತ ಪಠ್ಯವಿದೆ ಇಲ್ಲಿ ಮುದ್ರಿತ ಪಠ್ಯವಿದೆ ಇಲ್ಲಿ ಮುದ್ರಿತ ಪಠ್ಯವಿದೆ ಇಲ್ಲಿ ಮುದ್ರಿತ ಪಠ್ಯವಿದೆ ಇಲ್ಲಿ ಮುದ್ರಿತ ಪಠ್ಯವಿದೆ ಇಲ್ಲಿ ಮುದ್ರಿತ ಪಠ್ಯವಿದೆ ಇಲ್ಲಿ ಮುದ್ರಿತ ಪಠ್ಯವಿದೆ ಇಲ್ಲಿ ಮುದ್ರಿತ ಪಠ್ಯವಿದೆ ಇಲ್ಲಿ ಮುದ್ರಿತ ಪಠ್ಯವಿದೆ ಇಲ್ಲಿ ಮುದ್ರಿತ ಪಠ್ಯವಿದೆ ಇಲ್ಲಿ ಮುದ್ರಿತ ಪಠ್ಯವಿದೆ ಇಲ್ಲಿ ಮುದ್ರಿತ ಪಠ್ಯವಿದೆ ಇಲ್ಲಿ ಮುದ್ರಿತ ಪಠ್ಯವಿದೆ ಇಲ್ಲಿ ಮುದ್ರಿತ ಪಠ್ಯವಿದೆ ಇಲ್ಲಿ ಮುದ್ರಿತ ಪಠ್ಯವಿದೆ ಇಲ್ಲಿ ಮುದ್ರಿತ ಪಠ್ಯವಿದೆ ಇಲ್ಲಿ ಮುದ್ರಿತ ಪಠ್ಯವಿದೆ ಇಲ್ಲಿ ಮುದ್ರಿತ ಪಠ್ಯವಿದೆ ಇಲ್ಲಿ ಮುದ್ರಿತ ಪಠ್ಯವಿದೆ
ಇಲ್ಲಿ ಮುದ್ರಿತ ಪಠ್ಯವಿದೆ ಇಲ್ಲಿ ಮುದ್ರಿತ ಪಠ್ಯವಿದೆ ಇಲ್ಲಿ ಮುದ್ರಿತ ಪಠ್ಯವಿದೆ ಇಲ್ಲಿ ಮುದ್ರಿತ ಪಠ್ಯವಿದೆ ಇಲ್ಲಿ ಮುದ್ರಿತ ಪಠ್ಯವಿದೆ ಇಲ್ಲಿ ಮುದ್ರಿತ ಪಠ್ಯವಿದೆ ಇಲ್ಲಿ ಮುದ್ರಿತ ಪಠ್ಯವಿದೆ ಇಲ್ಲಿ ಮುದ್ರಿತ ಪಠ್ಯವಿದೆ ಇಲ್ಲಿ ಮುದ್ರಿತ ಪಠ್ಯವಿದೆ ಇಲ್ಲಿ ಮುದ್ರಿತ ಪಠ್ಯವಿದೆ ಇಲ್ಲಿ ಮುದ್ರಿತ ಪಠ್ಯವಿದೆ ಇಲ್ಲಿ ಮುದ್ರಿತ ಪಠ್ಯವಿದೆ ಇಲ್ಲಿ ಮುದ್ರಿತ ಪಠ್ಯವಿದೆ ಇಲ್ಲಿ ಮುದ್ರಿತ ಪಠ್ಯವಿದೆ ಇಲ್ಲಿ ಮುದ್ರಿತ ಪಠ್ಯವಿದೆ ಇಲ್ಲಿ ಮುದ್ರಿತ ಪಠ್ಯವಿದೆ ಇಲ್ಲಿ ಮುದ್ರಿತ ಪಠ್ಯವಿದೆ ಇಲ್ಲಿ ಮುದ್ರಿತ ಪಠ್ಯವಿದೆ ಇಲ್ಲಿ ಮುದ್ರಿತ ಪಠ್ಯವಿದೆ ಇಲ್ಲಿ ಮುದ್ರಿತ ಪಠ್ಯವಿದೆ ಇಲ್ಲಿ ಮುದ್ರಿತ ಪಠ್ಯವಿದೆ ಇಲ್ಲಿ ಮುದ್ರಿತ ಪಠ್ಯವಿದೆ ಇಲ್ಲಿ ಮುದ್ರಿತ ಪಠ್ಯವಿದೆ ಇಲ್ಲಿ ಮುದ್ರಿತ ಪಠ್ಯವಿದೆ ಇಲ್ಲಿ ಮುದ್ರಿತ ಪಠ್ಯವಿದೆ ಇಲ್ಲಿ ಮುದ್ರಿತ ಪಠ್ಯವಿದೆ ಇಲ್ಲಿ ಮುದ್ರಿತ ಪಠ್ಯವಿದೆ ಇಲ್ಲಿ ಮುದ್ರಿತ ಪಠ್ಯವಿದೆ ಇಲ್ಲಿ ಮುದ್ರಿತ ಪಠ್ಯವಿದೆ ಇಲ್ಲಿ ಮುದ್ರಿತ ಪಠ್ಯವಿದೆ ಇಲ್ಲಿ ಮುದ್ರಿತ ಪಠ್ಯವಿದೆ ಇಲ್ಲಿ ಮುದ್ರಿತ ಪಠ್ಯವಿದೆ ಇಲ್ಲಿ ಮುದ್ರಿತ ಪಠ್ಯವಿದೆ ಇಲ್ಲಿ ಮುದ್ರಿತ ಪಠ್ಯವಿದೆ ಇಲ್ಲಿ ಮುದ್ರಿತ ಪಠ್ಯವಿದೆ ಇಲ್ಲಿ ಮುದ್ರಿತ ಪಠ್ಯವಿದೆ ಇಲ್ಲಿ ಮುದ್ರಿತ ಪಠ್ಯವಿದೆ ಇಲ್ಲಿ ಮುದ್ರಿತ ಪಠ್ಯವಿದೆ ಇಲ್ಲಿ ಮುದ್ರಿತ ಪಠ್ಯವಿದೆ ಇಲ್ಲಿ ಮುದ್ರಿತ ಪಠ್ಯವಿದೆ ಇಲ್ಲಿ ಮುದ್ರಿತ ಪಠ್ಯವಿದೆ ಇಲ್ಲಿ ಮುದ್ರಿತ ಪಠ್ಯವಿದೆ ಇಲ್ಲಿ ಮುದ್ರಿತ ಪಠ್ಯವಿದೆ ಇಲ್ಲಿ ಮುದ್ರಿತ ಪಠ್ಯವಿದೆ ಇಲ್ಲಿ ಮುದ್ರಿತ ಪಠ್ಯವಿದೆ ಇಲ್ಲಿ ಮುದ್ರಿತ ಪಠ್ಯವಿದೆ
Printed by T.S. Gopinath, Published by M. Govinde Gowda on behalf of Academy Newspapers Private Limited, 15-C Industrial 'A' Layout, Bannimantap, Mysore-570 015 and Printed at Academy Newspapers Private Limited, 15-C Industrial 'A' Layout, Bannimantap, Mysore-570 015 and Published at 15-C Industrial 'A' Layout, Bannimantap, Mysore-570 015, Editor: M. Govinde Gowda Ph: 2496520 / 2496521 / 2496526 / 2496527 / 2496528. Fax: 0821-2496525. CITY OFFICES: Visveswaraya Building, III Floor, K.R. CIRCLE, MYSORE-570 001, Ph: 2431774 and No. 114, D. DEVARAJ URS ROAD (Opposite Big Bus), MYSORE-570 001. Ph: 2428695. RNI Reg. No. 36581 / 1980 E-mail address: news@mysurumithra.com For advertisements: ad@mysurumithra.com
